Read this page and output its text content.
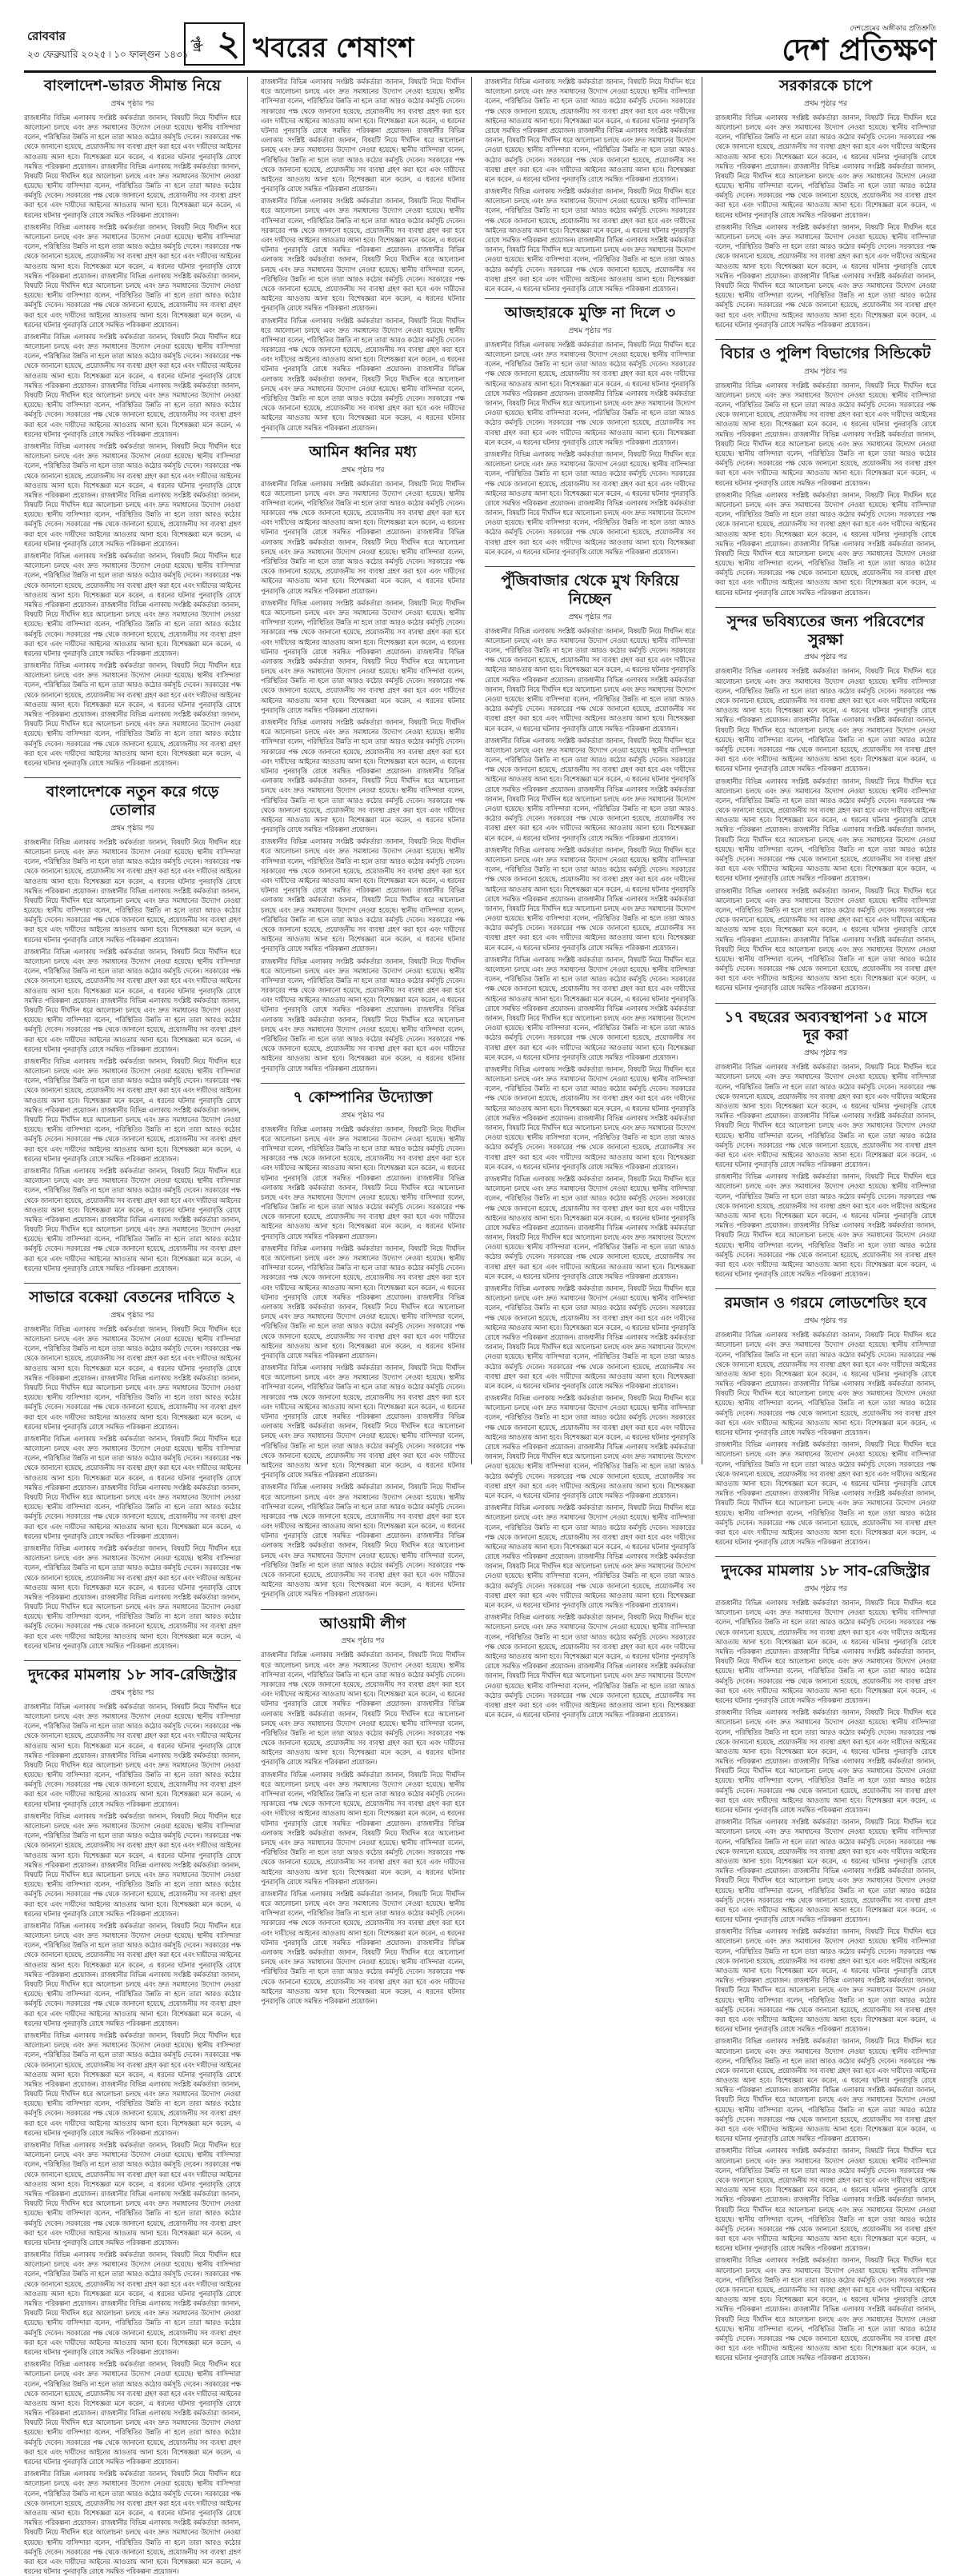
রোববার
২৩ ফেব্রুয়ারি ২০২৫ ৷ ১০ ফাল্গুন ১৪৩১
পৃষ্ঠা ২ খবরের শেষাংশ
দেশপ্রেমের অঙ্গীকার প্রতিশ্রুতি
দেশ প্রতিক্ষণ
বাংলাদেশ-ভারত সীমান্ত নিয়ে
প্রথম পৃষ্ঠার পর

রাজধানীর বিভিন্ন এলাকায় সংশ্লিষ্ট কর্মকর্তারা জানান, বিষয়টি নিয়ে দীর্ঘদিন ধরে আলোচনা চলছে এবং দ্রুত সমাধানের উদ্যোগ নেওয়া হয়েছে। স্থানীয় বাসিন্দারা বলেন, পরিস্থিতির উন্নতি না হলে তারা আরও কঠোর কর্মসূচি দেবেন। সরকারের পক্ষ থেকে জানানো হয়েছে, প্রয়োজনীয় সব ব্যবস্থা গ্রহণ করা হবে এবং দায়ীদের আইনের আওতায় আনা হবে। বিশেষজ্ঞরা মনে করেন, এ ধরনের ঘটনার পুনরাবৃত্তি রোধে সমন্বিত পরিকল্পনা প্রয়োজন। রাজধানীর বিভিন্ন এলাকায় সংশ্লিষ্ট কর্মকর্তারা জানান, বিষয়টি নিয়ে দীর্ঘদিন ধরে আলোচনা চলছে এবং দ্রুত সমাধানের উদ্যোগ নেওয়া হয়েছে। স্থানীয় বাসিন্দারা বলেন, পরিস্থিতির উন্নতি না হলে তারা আরও কঠোর কর্মসূচি দেবেন। সরকারের পক্ষ থেকে জানানো হয়েছে, প্রয়োজনীয় সব ব্যবস্থা গ্রহণ করা হবে এবং দায়ীদের আইনের আওতায় আনা হবে। বিশেষজ্ঞরা মনে করেন, এ ধরনের ঘটনার পুনরাবৃত্তি রোধে সমন্বিত পরিকল্পনা প্রয়োজন।

রাজধানীর বিভিন্ন এলাকায় সংশ্লিষ্ট কর্মকর্তারা জানান, বিষয়টি নিয়ে দীর্ঘদিন ধরে আলোচনা চলছে এবং দ্রুত সমাধানের উদ্যোগ নেওয়া হয়েছে। স্থানীয় বাসিন্দারা বলেন, পরিস্থিতির উন্নতি না হলে তারা আরও কঠোর কর্মসূচি দেবেন। সরকারের পক্ষ থেকে জানানো হয়েছে, প্রয়োজনীয় সব ব্যবস্থা গ্রহণ করা হবে এবং দায়ীদের আইনের আওতায় আনা হবে। বিশেষজ্ঞরা মনে করেন, এ ধরনের ঘটনার পুনরাবৃত্তি রোধে সমন্বিত পরিকল্পনা প্রয়োজন। রাজধানীর বিভিন্ন এলাকায় সংশ্লিষ্ট কর্মকর্তারা জানান, বিষয়টি নিয়ে দীর্ঘদিন ধরে আলোচনা চলছে এবং দ্রুত সমাধানের উদ্যোগ নেওয়া হয়েছে। স্থানীয় বাসিন্দারা বলেন, পরিস্থিতির উন্নতি না হলে তারা আরও কঠোর কর্মসূচি দেবেন। সরকারের পক্ষ থেকে জানানো হয়েছে, প্রয়োজনীয় সব ব্যবস্থা গ্রহণ করা হবে এবং দায়ীদের আইনের আওতায় আনা হবে। বিশেষজ্ঞরা মনে করেন, এ ধরনের ঘটনার পুনরাবৃত্তি রোধে সমন্বিত পরিকল্পনা প্রয়োজন।

রাজধানীর বিভিন্ন এলাকায় সংশ্লিষ্ট কর্মকর্তারা জানান, বিষয়টি নিয়ে দীর্ঘদিন ধরে আলোচনা চলছে এবং দ্রুত সমাধানের উদ্যোগ নেওয়া হয়েছে। স্থানীয় বাসিন্দারা বলেন, পরিস্থিতির উন্নতি না হলে তারা আরও কঠোর কর্মসূচি দেবেন। সরকারের পক্ষ থেকে জানানো হয়েছে, প্রয়োজনীয় সব ব্যবস্থা গ্রহণ করা হবে এবং দায়ীদের আইনের আওতায় আনা হবে। বিশেষজ্ঞরা মনে করেন, এ ধরনের ঘটনার পুনরাবৃত্তি রোধে সমন্বিত পরিকল্পনা প্রয়োজন। রাজধানীর বিভিন্ন এলাকায় সংশ্লিষ্ট কর্মকর্তারা জানান, বিষয়টি নিয়ে দীর্ঘদিন ধরে আলোচনা চলছে এবং দ্রুত সমাধানের উদ্যোগ নেওয়া হয়েছে। স্থানীয় বাসিন্দারা বলেন, পরিস্থিতির উন্নতি না হলে তারা আরও কঠোর কর্মসূচি দেবেন। সরকারের পক্ষ থেকে জানানো হয়েছে, প্রয়োজনীয় সব ব্যবস্থা গ্রহণ করা হবে এবং দায়ীদের আইনের আওতায় আনা হবে। বিশেষজ্ঞরা মনে করেন, এ ধরনের ঘটনার পুনরাবৃত্তি রোধে সমন্বিত পরিকল্পনা প্রয়োজন।

রাজধানীর বিভিন্ন এলাকায় সংশ্লিষ্ট কর্মকর্তারা জানান, বিষয়টি নিয়ে দীর্ঘদিন ধরে আলোচনা চলছে এবং দ্রুত সমাধানের উদ্যোগ নেওয়া হয়েছে। স্থানীয় বাসিন্দারা বলেন, পরিস্থিতির উন্নতি না হলে তারা আরও কঠোর কর্মসূচি দেবেন। সরকারের পক্ষ থেকে জানানো হয়েছে, প্রয়োজনীয় সব ব্যবস্থা গ্রহণ করা হবে এবং দায়ীদের আইনের আওতায় আনা হবে। বিশেষজ্ঞরা মনে করেন, এ ধরনের ঘটনার পুনরাবৃত্তি রোধে সমন্বিত পরিকল্পনা প্রয়োজন। রাজধানীর বিভিন্ন এলাকায় সংশ্লিষ্ট কর্মকর্তারা জানান, বিষয়টি নিয়ে দীর্ঘদিন ধরে আলোচনা চলছে এবং দ্রুত সমাধানের উদ্যোগ নেওয়া হয়েছে। স্থানীয় বাসিন্দারা বলেন, পরিস্থিতির উন্নতি না হলে তারা আরও কঠোর কর্মসূচি দেবেন। সরকারের পক্ষ থেকে জানানো হয়েছে, প্রয়োজনীয় সব ব্যবস্থা গ্রহণ করা হবে এবং দায়ীদের আইনের আওতায় আনা হবে। বিশেষজ্ঞরা মনে করেন, এ ধরনের ঘটনার পুনরাবৃত্তি রোধে সমন্বিত পরিকল্পনা প্রয়োজন।

রাজধানীর বিভিন্ন এলাকায় সংশ্লিষ্ট কর্মকর্তারা জানান, বিষয়টি নিয়ে দীর্ঘদিন ধরে আলোচনা চলছে এবং দ্রুত সমাধানের উদ্যোগ নেওয়া হয়েছে। স্থানীয় বাসিন্দারা বলেন, পরিস্থিতির উন্নতি না হলে তারা আরও কঠোর কর্মসূচি দেবেন। সরকারের পক্ষ থেকে জানানো হয়েছে, প্রয়োজনীয় সব ব্যবস্থা গ্রহণ করা হবে এবং দায়ীদের আইনের আওতায় আনা হবে। বিশেষজ্ঞরা মনে করেন, এ ধরনের ঘটনার পুনরাবৃত্তি রোধে সমন্বিত পরিকল্পনা প্রয়োজন। রাজধানীর বিভিন্ন এলাকায় সংশ্লিষ্ট কর্মকর্তারা জানান, বিষয়টি নিয়ে দীর্ঘদিন ধরে আলোচনা চলছে এবং দ্রুত সমাধানের উদ্যোগ নেওয়া হয়েছে। স্থানীয় বাসিন্দারা বলেন, পরিস্থিতির উন্নতি না হলে তারা আরও কঠোর কর্মসূচি দেবেন। সরকারের পক্ষ থেকে জানানো হয়েছে, প্রয়োজনীয় সব ব্যবস্থা গ্রহণ করা হবে এবং দায়ীদের আইনের আওতায় আনা হবে। বিশেষজ্ঞরা মনে করেন, এ ধরনের ঘটনার পুনরাবৃত্তি রোধে সমন্বিত পরিকল্পনা প্রয়োজন।

রাজধানীর বিভিন্ন এলাকায় সংশ্লিষ্ট কর্মকর্তারা জানান, বিষয়টি নিয়ে দীর্ঘদিন ধরে আলোচনা চলছে এবং দ্রুত সমাধানের উদ্যোগ নেওয়া হয়েছে। স্থানীয় বাসিন্দারা বলেন, পরিস্থিতির উন্নতি না হলে তারা আরও কঠোর কর্মসূচি দেবেন। সরকারের পক্ষ থেকে জানানো হয়েছে, প্রয়োজনীয় সব ব্যবস্থা গ্রহণ করা হবে এবং দায়ীদের আইনের আওতায় আনা হবে। বিশেষজ্ঞরা মনে করেন, এ ধরনের ঘটনার পুনরাবৃত্তি রোধে সমন্বিত পরিকল্পনা প্রয়োজন। রাজধানীর বিভিন্ন এলাকায় সংশ্লিষ্ট কর্মকর্তারা জানান, বিষয়টি নিয়ে দীর্ঘদিন ধরে আলোচনা চলছে এবং দ্রুত সমাধানের উদ্যোগ নেওয়া হয়েছে। স্থানীয় বাসিন্দারা বলেন, পরিস্থিতির উন্নতি না হলে তারা আরও কঠোর কর্মসূচি দেবেন। সরকারের পক্ষ থেকে জানানো হয়েছে, প্রয়োজনীয় সব ব্যবস্থা গ্রহণ করা হবে এবং দায়ীদের আইনের আওতায় আনা হবে। বিশেষজ্ঞরা মনে করেন, এ ধরনের ঘটনার পুনরাবৃত্তি রোধে সমন্বিত পরিকল্পনা প্রয়োজন।

বাংলাদেশকে নতুন করে গড়ে তোলার
প্রথম পৃষ্ঠার পর

রাজধানীর বিভিন্ন এলাকায় সংশ্লিষ্ট কর্মকর্তারা জানান, বিষয়টি নিয়ে দীর্ঘদিন ধরে আলোচনা চলছে এবং দ্রুত সমাধানের উদ্যোগ নেওয়া হয়েছে। স্থানীয় বাসিন্দারা বলেন, পরিস্থিতির উন্নতি না হলে তারা আরও কঠোর কর্মসূচি দেবেন। সরকারের পক্ষ থেকে জানানো হয়েছে, প্রয়োজনীয় সব ব্যবস্থা গ্রহণ করা হবে এবং দায়ীদের আইনের আওতায় আনা হবে। বিশেষজ্ঞরা মনে করেন, এ ধরনের ঘটনার পুনরাবৃত্তি রোধে সমন্বিত পরিকল্পনা প্রয়োজন। রাজধানীর বিভিন্ন এলাকায় সংশ্লিষ্ট কর্মকর্তারা জানান, বিষয়টি নিয়ে দীর্ঘদিন ধরে আলোচনা চলছে এবং দ্রুত সমাধানের উদ্যোগ নেওয়া হয়েছে। স্থানীয় বাসিন্দারা বলেন, পরিস্থিতির উন্নতি না হলে তারা আরও কঠোর কর্মসূচি দেবেন। সরকারের পক্ষ থেকে জানানো হয়েছে, প্রয়োজনীয় সব ব্যবস্থা গ্রহণ করা হবে এবং দায়ীদের আইনের আওতায় আনা হবে। বিশেষজ্ঞরা মনে করেন, এ ধরনের ঘটনার পুনরাবৃত্তি রোধে সমন্বিত পরিকল্পনা প্রয়োজন।

রাজধানীর বিভিন্ন এলাকায় সংশ্লিষ্ট কর্মকর্তারা জানান, বিষয়টি নিয়ে দীর্ঘদিন ধরে আলোচনা চলছে এবং দ্রুত সমাধানের উদ্যোগ নেওয়া হয়েছে। স্থানীয় বাসিন্দারা বলেন, পরিস্থিতির উন্নতি না হলে তারা আরও কঠোর কর্মসূচি দেবেন। সরকারের পক্ষ থেকে জানানো হয়েছে, প্রয়োজনীয় সব ব্যবস্থা গ্রহণ করা হবে এবং দায়ীদের আইনের আওতায় আনা হবে। বিশেষজ্ঞরা মনে করেন, এ ধরনের ঘটনার পুনরাবৃত্তি রোধে সমন্বিত পরিকল্পনা প্রয়োজন। রাজধানীর বিভিন্ন এলাকায় সংশ্লিষ্ট কর্মকর্তারা জানান, বিষয়টি নিয়ে দীর্ঘদিন ধরে আলোচনা চলছে এবং দ্রুত সমাধানের উদ্যোগ নেওয়া হয়েছে। স্থানীয় বাসিন্দারা বলেন, পরিস্থিতির উন্নতি না হলে তারা আরও কঠোর কর্মসূচি দেবেন। সরকারের পক্ষ থেকে জানানো হয়েছে, প্রয়োজনীয় সব ব্যবস্থা গ্রহণ করা হবে এবং দায়ীদের আইনের আওতায় আনা হবে। বিশেষজ্ঞরা মনে করেন, এ ধরনের ঘটনার পুনরাবৃত্তি রোধে সমন্বিত পরিকল্পনা প্রয়োজন।

রাজধানীর বিভিন্ন এলাকায় সংশ্লিষ্ট কর্মকর্তারা জানান, বিষয়টি নিয়ে দীর্ঘদিন ধরে আলোচনা চলছে এবং দ্রুত সমাধানের উদ্যোগ নেওয়া হয়েছে। স্থানীয় বাসিন্দারা বলেন, পরিস্থিতির উন্নতি না হলে তারা আরও কঠোর কর্মসূচি দেবেন। সরকারের পক্ষ থেকে জানানো হয়েছে, প্রয়োজনীয় সব ব্যবস্থা গ্রহণ করা হবে এবং দায়ীদের আইনের আওতায় আনা হবে। বিশেষজ্ঞরা মনে করেন, এ ধরনের ঘটনার পুনরাবৃত্তি রোধে সমন্বিত পরিকল্পনা প্রয়োজন। রাজধানীর বিভিন্ন এলাকায় সংশ্লিষ্ট কর্মকর্তারা জানান, বিষয়টি নিয়ে দীর্ঘদিন ধরে আলোচনা চলছে এবং দ্রুত সমাধানের উদ্যোগ নেওয়া হয়েছে। স্থানীয় বাসিন্দারা বলেন, পরিস্থিতির উন্নতি না হলে তারা আরও কঠোর কর্মসূচি দেবেন। সরকারের পক্ষ থেকে জানানো হয়েছে, প্রয়োজনীয় সব ব্যবস্থা গ্রহণ করা হবে এবং দায়ীদের আইনের আওতায় আনা হবে। বিশেষজ্ঞরা মনে করেন, এ ধরনের ঘটনার পুনরাবৃত্তি রোধে সমন্বিত পরিকল্পনা প্রয়োজন।

রাজধানীর বিভিন্ন এলাকায় সংশ্লিষ্ট কর্মকর্তারা জানান, বিষয়টি নিয়ে দীর্ঘদিন ধরে আলোচনা চলছে এবং দ্রুত সমাধানের উদ্যোগ নেওয়া হয়েছে। স্থানীয় বাসিন্দারা বলেন, পরিস্থিতির উন্নতি না হলে তারা আরও কঠোর কর্মসূচি দেবেন। সরকারের পক্ষ থেকে জানানো হয়েছে, প্রয়োজনীয় সব ব্যবস্থা গ্রহণ করা হবে এবং দায়ীদের আইনের আওতায় আনা হবে। বিশেষজ্ঞরা মনে করেন, এ ধরনের ঘটনার পুনরাবৃত্তি রোধে সমন্বিত পরিকল্পনা প্রয়োজন। রাজধানীর বিভিন্ন এলাকায় সংশ্লিষ্ট কর্মকর্তারা জানান, বিষয়টি নিয়ে দীর্ঘদিন ধরে আলোচনা চলছে এবং দ্রুত সমাধানের উদ্যোগ নেওয়া হয়েছে। স্থানীয় বাসিন্দারা বলেন, পরিস্থিতির উন্নতি না হলে তারা আরও কঠোর কর্মসূচি দেবেন। সরকারের পক্ষ থেকে জানানো হয়েছে, প্রয়োজনীয় সব ব্যবস্থা গ্রহণ করা হবে এবং দায়ীদের আইনের আওতায় আনা হবে। বিশেষজ্ঞরা মনে করেন, এ ধরনের ঘটনার পুনরাবৃত্তি রোধে সমন্বিত পরিকল্পনা প্রয়োজন।

সাভারে বকেয়া বেতনের দাবিতে ২
প্রথম পৃষ্ঠার পর

রাজধানীর বিভিন্ন এলাকায় সংশ্লিষ্ট কর্মকর্তারা জানান, বিষয়টি নিয়ে দীর্ঘদিন ধরে আলোচনা চলছে এবং দ্রুত সমাধানের উদ্যোগ নেওয়া হয়েছে। স্থানীয় বাসিন্দারা বলেন, পরিস্থিতির উন্নতি না হলে তারা আরও কঠোর কর্মসূচি দেবেন। সরকারের পক্ষ থেকে জানানো হয়েছে, প্রয়োজনীয় সব ব্যবস্থা গ্রহণ করা হবে এবং দায়ীদের আইনের আওতায় আনা হবে। বিশেষজ্ঞরা মনে করেন, এ ধরনের ঘটনার পুনরাবৃত্তি রোধে সমন্বিত পরিকল্পনা প্রয়োজন। রাজধানীর বিভিন্ন এলাকায় সংশ্লিষ্ট কর্মকর্তারা জানান, বিষয়টি নিয়ে দীর্ঘদিন ধরে আলোচনা চলছে এবং দ্রুত সমাধানের উদ্যোগ নেওয়া হয়েছে। স্থানীয় বাসিন্দারা বলেন, পরিস্থিতির উন্নতি না হলে তারা আরও কঠোর কর্মসূচি দেবেন। সরকারের পক্ষ থেকে জানানো হয়েছে, প্রয়োজনীয় সব ব্যবস্থা গ্রহণ করা হবে এবং দায়ীদের আইনের আওতায় আনা হবে। বিশেষজ্ঞরা মনে করেন, এ ধরনের ঘটনার পুনরাবৃত্তি রোধে সমন্বিত পরিকল্পনা প্রয়োজন।

রাজধানীর বিভিন্ন এলাকায় সংশ্লিষ্ট কর্মকর্তারা জানান, বিষয়টি নিয়ে দীর্ঘদিন ধরে আলোচনা চলছে এবং দ্রুত সমাধানের উদ্যোগ নেওয়া হয়েছে। স্থানীয় বাসিন্দারা বলেন, পরিস্থিতির উন্নতি না হলে তারা আরও কঠোর কর্মসূচি দেবেন। সরকারের পক্ষ থেকে জানানো হয়েছে, প্রয়োজনীয় সব ব্যবস্থা গ্রহণ করা হবে এবং দায়ীদের আইনের আওতায় আনা হবে। বিশেষজ্ঞরা মনে করেন, এ ধরনের ঘটনার পুনরাবৃত্তি রোধে সমন্বিত পরিকল্পনা প্রয়োজন। রাজধানীর বিভিন্ন এলাকায় সংশ্লিষ্ট কর্মকর্তারা জানান, বিষয়টি নিয়ে দীর্ঘদিন ধরে আলোচনা চলছে এবং দ্রুত সমাধানের উদ্যোগ নেওয়া হয়েছে। স্থানীয় বাসিন্দারা বলেন, পরিস্থিতির উন্নতি না হলে তারা আরও কঠোর কর্মসূচি দেবেন। সরকারের পক্ষ থেকে জানানো হয়েছে, প্রয়োজনীয় সব ব্যবস্থা গ্রহণ করা হবে এবং দায়ীদের আইনের আওতায় আনা হবে। বিশেষজ্ঞরা মনে করেন, এ ধরনের ঘটনার পুনরাবৃত্তি রোধে সমন্বিত পরিকল্পনা প্রয়োজন।

রাজধানীর বিভিন্ন এলাকায় সংশ্লিষ্ট কর্মকর্তারা জানান, বিষয়টি নিয়ে দীর্ঘদিন ধরে আলোচনা চলছে এবং দ্রুত সমাধানের উদ্যোগ নেওয়া হয়েছে। স্থানীয় বাসিন্দারা বলেন, পরিস্থিতির উন্নতি না হলে তারা আরও কঠোর কর্মসূচি দেবেন। সরকারের পক্ষ থেকে জানানো হয়েছে, প্রয়োজনীয় সব ব্যবস্থা গ্রহণ করা হবে এবং দায়ীদের আইনের আওতায় আনা হবে। বিশেষজ্ঞরা মনে করেন, এ ধরনের ঘটনার পুনরাবৃত্তি রোধে সমন্বিত পরিকল্পনা প্রয়োজন। রাজধানীর বিভিন্ন এলাকায় সংশ্লিষ্ট কর্মকর্তারা জানান, বিষয়টি নিয়ে দীর্ঘদিন ধরে আলোচনা চলছে এবং দ্রুত সমাধানের উদ্যোগ নেওয়া হয়েছে। স্থানীয় বাসিন্দারা বলেন, পরিস্থিতির উন্নতি না হলে তারা আরও কঠোর কর্মসূচি দেবেন। সরকারের পক্ষ থেকে জানানো হয়েছে, প্রয়োজনীয় সব ব্যবস্থা গ্রহণ করা হবে এবং দায়ীদের আইনের আওতায় আনা হবে। বিশেষজ্ঞরা মনে করেন, এ ধরনের ঘটনার পুনরাবৃত্তি রোধে সমন্বিত পরিকল্পনা প্রয়োজন।

দুদকের মামলায় ১৮ সাব-রেজিস্ট্রার
প্রথম পৃষ্ঠার পর

রাজধানীর বিভিন্ন এলাকায় সংশ্লিষ্ট কর্মকর্তারা জানান, বিষয়টি নিয়ে দীর্ঘদিন ধরে আলোচনা চলছে এবং দ্রুত সমাধানের উদ্যোগ নেওয়া হয়েছে। স্থানীয় বাসিন্দারা বলেন, পরিস্থিতির উন্নতি না হলে তারা আরও কঠোর কর্মসূচি দেবেন। সরকারের পক্ষ থেকে জানানো হয়েছে, প্রয়োজনীয় সব ব্যবস্থা গ্রহণ করা হবে এবং দায়ীদের আইনের আওতায় আনা হবে। বিশেষজ্ঞরা মনে করেন, এ ধরনের ঘটনার পুনরাবৃত্তি রোধে সমন্বিত পরিকল্পনা প্রয়োজন। রাজধানীর বিভিন্ন এলাকায় সংশ্লিষ্ট কর্মকর্তারা জানান, বিষয়টি নিয়ে দীর্ঘদিন ধরে আলোচনা চলছে এবং দ্রুত সমাধানের উদ্যোগ নেওয়া হয়েছে। স্থানীয় বাসিন্দারা বলেন, পরিস্থিতির উন্নতি না হলে তারা আরও কঠোর কর্মসূচি দেবেন। সরকারের পক্ষ থেকে জানানো হয়েছে, প্রয়োজনীয় সব ব্যবস্থা গ্রহণ করা হবে এবং দায়ীদের আইনের আওতায় আনা হবে। বিশেষজ্ঞরা মনে করেন, এ ধরনের ঘটনার পুনরাবৃত্তি রোধে সমন্বিত পরিকল্পনা প্রয়োজন।

রাজধানীর বিভিন্ন এলাকায় সংশ্লিষ্ট কর্মকর্তারা জানান, বিষয়টি নিয়ে দীর্ঘদিন ধরে আলোচনা চলছে এবং দ্রুত সমাধানের উদ্যোগ নেওয়া হয়েছে। স্থানীয় বাসিন্দারা বলেন, পরিস্থিতির উন্নতি না হলে তারা আরও কঠোর কর্মসূচি দেবেন। সরকারের পক্ষ থেকে জানানো হয়েছে, প্রয়োজনীয় সব ব্যবস্থা গ্রহণ করা হবে এবং দায়ীদের আইনের আওতায় আনা হবে। বিশেষজ্ঞরা মনে করেন, এ ধরনের ঘটনার পুনরাবৃত্তি রোধে সমন্বিত পরিকল্পনা প্রয়োজন। রাজধানীর বিভিন্ন এলাকায় সংশ্লিষ্ট কর্মকর্তারা জানান, বিষয়টি নিয়ে দীর্ঘদিন ধরে আলোচনা চলছে এবং দ্রুত সমাধানের উদ্যোগ নেওয়া হয়েছে। স্থানীয় বাসিন্দারা বলেন, পরিস্থিতির উন্নতি না হলে তারা আরও কঠোর কর্মসূচি দেবেন। সরকারের পক্ষ থেকে জানানো হয়েছে, প্রয়োজনীয় সব ব্যবস্থা গ্রহণ করা হবে এবং দায়ীদের আইনের আওতায় আনা হবে। বিশেষজ্ঞরা মনে করেন, এ ধরনের ঘটনার পুনরাবৃত্তি রোধে সমন্বিত পরিকল্পনা প্রয়োজন।

রাজধানীর বিভিন্ন এলাকায় সংশ্লিষ্ট কর্মকর্তারা জানান, বিষয়টি নিয়ে দীর্ঘদিন ধরে আলোচনা চলছে এবং দ্রুত সমাধানের উদ্যোগ নেওয়া হয়েছে। স্থানীয় বাসিন্দারা বলেন, পরিস্থিতির উন্নতি না হলে তারা আরও কঠোর কর্মসূচি দেবেন। সরকারের পক্ষ থেকে জানানো হয়েছে, প্রয়োজনীয় সব ব্যবস্থা গ্রহণ করা হবে এবং দায়ীদের আইনের আওতায় আনা হবে। বিশেষজ্ঞরা মনে করেন, এ ধরনের ঘটনার পুনরাবৃত্তি রোধে সমন্বিত পরিকল্পনা প্রয়োজন। রাজধানীর বিভিন্ন এলাকায় সংশ্লিষ্ট কর্মকর্তারা জানান, বিষয়টি নিয়ে দীর্ঘদিন ধরে আলোচনা চলছে এবং দ্রুত সমাধানের উদ্যোগ নেওয়া হয়েছে। স্থানীয় বাসিন্দারা বলেন, পরিস্থিতির উন্নতি না হলে তারা আরও কঠোর কর্মসূচি দেবেন। সরকারের পক্ষ থেকে জানানো হয়েছে, প্রয়োজনীয় সব ব্যবস্থা গ্রহণ করা হবে এবং দায়ীদের আইনের আওতায় আনা হবে। বিশেষজ্ঞরা মনে করেন, এ ধরনের ঘটনার পুনরাবৃত্তি রোধে সমন্বিত পরিকল্পনা প্রয়োজন।

রাজধানীর বিভিন্ন এলাকায় সংশ্লিষ্ট কর্মকর্তারা জানান, বিষয়টি নিয়ে দীর্ঘদিন ধরে আলোচনা চলছে এবং দ্রুত সমাধানের উদ্যোগ নেওয়া হয়েছে। স্থানীয় বাসিন্দারা বলেন, পরিস্থিতির উন্নতি না হলে তারা আরও কঠোর কর্মসূচি দেবেন। সরকারের পক্ষ থেকে জানানো হয়েছে, প্রয়োজনীয় সব ব্যবস্থা গ্রহণ করা হবে এবং দায়ীদের আইনের আওতায় আনা হবে। বিশেষজ্ঞরা মনে করেন, এ ধরনের ঘটনার পুনরাবৃত্তি রোধে সমন্বিত পরিকল্পনা প্রয়োজন। রাজধানীর বিভিন্ন এলাকায় সংশ্লিষ্ট কর্মকর্তারা জানান, বিষয়টি নিয়ে দীর্ঘদিন ধরে আলোচনা চলছে এবং দ্রুত সমাধানের উদ্যোগ নেওয়া হয়েছে। স্থানীয় বাসিন্দারা বলেন, পরিস্থিতির উন্নতি না হলে তারা আরও কঠোর কর্মসূচি দেবেন। সরকারের পক্ষ থেকে জানানো হয়েছে, প্রয়োজনীয় সব ব্যবস্থা গ্রহণ করা হবে এবং দায়ীদের আইনের আওতায় আনা হবে। বিশেষজ্ঞরা মনে করেন, এ ধরনের ঘটনার পুনরাবৃত্তি রোধে সমন্বিত পরিকল্পনা প্রয়োজন।

রাজধানীর বিভিন্ন এলাকায় সংশ্লিষ্ট কর্মকর্তারা জানান, বিষয়টি নিয়ে দীর্ঘদিন ধরে আলোচনা চলছে এবং দ্রুত সমাধানের উদ্যোগ নেওয়া হয়েছে। স্থানীয় বাসিন্দারা বলেন, পরিস্থিতির উন্নতি না হলে তারা আরও কঠোর কর্মসূচি দেবেন। সরকারের পক্ষ থেকে জানানো হয়েছে, প্রয়োজনীয় সব ব্যবস্থা গ্রহণ করা হবে এবং দায়ীদের আইনের আওতায় আনা হবে। বিশেষজ্ঞরা মনে করেন, এ ধরনের ঘটনার পুনরাবৃত্তি রোধে সমন্বিত পরিকল্পনা প্রয়োজন। রাজধানীর বিভিন্ন এলাকায় সংশ্লিষ্ট কর্মকর্তারা জানান, বিষয়টি নিয়ে দীর্ঘদিন ধরে আলোচনা চলছে এবং দ্রুত সমাধানের উদ্যোগ নেওয়া হয়েছে। স্থানীয় বাসিন্দারা বলেন, পরিস্থিতির উন্নতি না হলে তারা আরও কঠোর কর্মসূচি দেবেন। সরকারের পক্ষ থেকে জানানো হয়েছে, প্রয়োজনীয় সব ব্যবস্থা গ্রহণ করা হবে এবং দায়ীদের আইনের আওতায় আনা হবে। বিশেষজ্ঞরা মনে করেন, এ ধরনের ঘটনার পুনরাবৃত্তি রোধে সমন্বিত পরিকল্পনা প্রয়োজন।

রাজধানীর বিভিন্ন এলাকায় সংশ্লিষ্ট কর্মকর্তারা জানান, বিষয়টি নিয়ে দীর্ঘদিন ধরে আলোচনা চলছে এবং দ্রুত সমাধানের উদ্যোগ নেওয়া হয়েছে। স্থানীয় বাসিন্দারা বলেন, পরিস্থিতির উন্নতি না হলে তারা আরও কঠোর কর্মসূচি দেবেন। সরকারের পক্ষ থেকে জানানো হয়েছে, প্রয়োজনীয় সব ব্যবস্থা গ্রহণ করা হবে এবং দায়ীদের আইনের আওতায় আনা হবে। বিশেষজ্ঞরা মনে করেন, এ ধরনের ঘটনার পুনরাবৃত্তি রোধে সমন্বিত পরিকল্পনা প্রয়োজন। রাজধানীর বিভিন্ন এলাকায় সংশ্লিষ্ট কর্মকর্তারা জানান, বিষয়টি নিয়ে দীর্ঘদিন ধরে আলোচনা চলছে এবং দ্রুত সমাধানের উদ্যোগ নেওয়া হয়েছে। স্থানীয় বাসিন্দারা বলেন, পরিস্থিতির উন্নতি না হলে তারা আরও কঠোর কর্মসূচি দেবেন। সরকারের পক্ষ থেকে জানানো হয়েছে, প্রয়োজনীয় সব ব্যবস্থা গ্রহণ করা হবে এবং দায়ীদের আইনের আওতায় আনা হবে। বিশেষজ্ঞরা মনে করেন, এ ধরনের ঘটনার পুনরাবৃত্তি রোধে সমন্বিত পরিকল্পনা প্রয়োজন।

রাজধানীর বিভিন্ন এলাকায় সংশ্লিষ্ট কর্মকর্তারা জানান, বিষয়টি নিয়ে দীর্ঘদিন ধরে আলোচনা চলছে এবং দ্রুত সমাধানের উদ্যোগ নেওয়া হয়েছে। স্থানীয় বাসিন্দারা বলেন, পরিস্থিতির উন্নতি না হলে তারা আরও কঠোর কর্মসূচি দেবেন। সরকারের পক্ষ থেকে জানানো হয়েছে, প্রয়োজনীয় সব ব্যবস্থা গ্রহণ করা হবে এবং দায়ীদের আইনের আওতায় আনা হবে। বিশেষজ্ঞরা মনে করেন, এ ধরনের ঘটনার পুনরাবৃত্তি রোধে সমন্বিত পরিকল্পনা প্রয়োজন। রাজধানীর বিভিন্ন এলাকায় সংশ্লিষ্ট কর্মকর্তারা জানান, বিষয়টি নিয়ে দীর্ঘদিন ধরে আলোচনা চলছে এবং দ্রুত সমাধানের উদ্যোগ নেওয়া হয়েছে। স্থানীয় বাসিন্দারা বলেন, পরিস্থিতির উন্নতি না হলে তারা আরও কঠোর কর্মসূচি দেবেন। সরকারের পক্ষ থেকে জানানো হয়েছে, প্রয়োজনীয় সব ব্যবস্থা গ্রহণ করা হবে এবং দায়ীদের আইনের আওতায় আনা হবে। বিশেষজ্ঞরা মনে করেন, এ ধরনের ঘটনার পুনরাবৃত্তি রোধে সমন্বিত পরিকল্পনা প্রয়োজন।

রাজধানীর বিভিন্ন এলাকায় সংশ্লিষ্ট কর্মকর্তারা জানান, বিষয়টি নিয়ে দীর্ঘদিন ধরে আলোচনা চলছে এবং দ্রুত সমাধানের উদ্যোগ নেওয়া হয়েছে। স্থানীয় বাসিন্দারা বলেন, পরিস্থিতির উন্নতি না হলে তারা আরও কঠোর কর্মসূচি দেবেন। সরকারের পক্ষ থেকে জানানো হয়েছে, প্রয়োজনীয় সব ব্যবস্থা গ্রহণ করা হবে এবং দায়ীদের আইনের আওতায় আনা হবে। বিশেষজ্ঞরা মনে করেন, এ ধরনের ঘটনার পুনরাবৃত্তি রোধে সমন্বিত পরিকল্পনা প্রয়োজন। রাজধানীর বিভিন্ন এলাকায় সংশ্লিষ্ট কর্মকর্তারা জানান, বিষয়টি নিয়ে দীর্ঘদিন ধরে আলোচনা চলছে এবং দ্রুত সমাধানের উদ্যোগ নেওয়া হয়েছে। স্থানীয় বাসিন্দারা বলেন, পরিস্থিতির উন্নতি না হলে তারা আরও কঠোর কর্মসূচি দেবেন। সরকারের পক্ষ থেকে জানানো হয়েছে, প্রয়োজনীয় সব ব্যবস্থা গ্রহণ করা হবে এবং দায়ীদের আইনের আওতায় আনা হবে। বিশেষজ্ঞরা মনে করেন, এ ধরনের ঘটনার পুনরাবৃত্তি রোধে সমন্বিত পরিকল্পনা প্রয়োজন।

রাজধানীর বিভিন্ন এলাকায় সংশ্লিষ্ট কর্মকর্তারা জানান, বিষয়টি নিয়ে দীর্ঘদিন ধরে আলোচনা চলছে এবং দ্রুত সমাধানের উদ্যোগ নেওয়া হয়েছে। স্থানীয় বাসিন্দারা বলেন, পরিস্থিতির উন্নতি না হলে তারা আরও কঠোর কর্মসূচি দেবেন। সরকারের পক্ষ থেকে জানানো হয়েছে, প্রয়োজনীয় সব ব্যবস্থা গ্রহণ করা হবে এবং দায়ীদের আইনের আওতায় আনা হবে। বিশেষজ্ঞরা মনে করেন, এ ধরনের ঘটনার পুনরাবৃত্তি রোধে সমন্বিত পরিকল্পনা প্রয়োজন। রাজধানীর বিভিন্ন এলাকায় সংশ্লিষ্ট কর্মকর্তারা জানান, বিষয়টি নিয়ে দীর্ঘদিন ধরে আলোচনা চলছে এবং দ্রুত সমাধানের উদ্যোগ নেওয়া হয়েছে। স্থানীয় বাসিন্দারা বলেন, পরিস্থিতির উন্নতি না হলে তারা আরও কঠোর কর্মসূচি দেবেন। সরকারের পক্ষ থেকে জানানো হয়েছে, প্রয়োজনীয় সব ব্যবস্থা গ্রহণ করা হবে এবং দায়ীদের আইনের আওতায় আনা হবে। বিশেষজ্ঞরা মনে করেন, এ ধরনের ঘটনার পুনরাবৃত্তি রোধে সমন্বিত পরিকল্পনা প্রয়োজন।

রাজধানীর বিভিন্ন এলাকায় সংশ্লিষ্ট কর্মকর্তারা জানান, বিষয়টি নিয়ে দীর্ঘদিন ধরে আলোচনা চলছে এবং দ্রুত সমাধানের উদ্যোগ নেওয়া হয়েছে। স্থানীয় বাসিন্দারা বলেন, পরিস্থিতির উন্নতি না হলে তারা আরও কঠোর কর্মসূচি দেবেন। সরকারের পক্ষ থেকে জানানো হয়েছে, প্রয়োজনীয় সব ব্যবস্থা গ্রহণ করা হবে এবং দায়ীদের আইনের আওতায় আনা হবে। বিশেষজ্ঞরা মনে করেন, এ ধরনের ঘটনার পুনরাবৃত্তি রোধে সমন্বিত পরিকল্পনা প্রয়োজন। রাজধানীর বিভিন্ন এলাকায় সংশ্লিষ্ট কর্মকর্তারা জানান, বিষয়টি নিয়ে দীর্ঘদিন ধরে আলোচনা চলছে এবং দ্রুত সমাধানের উদ্যোগ নেওয়া হয়েছে। স্থানীয় বাসিন্দারা বলেন, পরিস্থিতির উন্নতি না হলে তারা আরও কঠোর কর্মসূচি দেবেন। সরকারের পক্ষ থেকে জানানো হয়েছে, প্রয়োজনীয় সব ব্যবস্থা গ্রহণ করা হবে এবং দায়ীদের আইনের আওতায় আনা হবে। বিশেষজ্ঞরা মনে করেন, এ ধরনের ঘটনার পুনরাবৃত্তি রোধে সমন্বিত পরিকল্পনা প্রয়োজন।

রাজধানীর বিভিন্ন এলাকায় সংশ্লিষ্ট কর্মকর্তারা জানান, বিষয়টি নিয়ে দীর্ঘদিন ধরে আলোচনা চলছে এবং দ্রুত সমাধানের উদ্যোগ নেওয়া হয়েছে। স্থানীয় বাসিন্দারা বলেন, পরিস্থিতির উন্নতি না হলে তারা আরও কঠোর কর্মসূচি দেবেন। সরকারের পক্ষ থেকে জানানো হয়েছে, প্রয়োজনীয় সব ব্যবস্থা গ্রহণ করা হবে এবং দায়ীদের আইনের আওতায় আনা হবে। বিশেষজ্ঞরা মনে করেন, এ ধরনের ঘটনার পুনরাবৃত্তি রোধে সমন্বিত পরিকল্পনা প্রয়োজন। রাজধানীর বিভিন্ন এলাকায় সংশ্লিষ্ট কর্মকর্তারা জানান, বিষয়টি নিয়ে দীর্ঘদিন ধরে আলোচনা চলছে এবং দ্রুত সমাধানের উদ্যোগ নেওয়া হয়েছে। স্থানীয় বাসিন্দারা বলেন, পরিস্থিতির উন্নতি না হলে তারা আরও কঠোর কর্মসূচি দেবেন। সরকারের পক্ষ থেকে জানানো হয়েছে, প্রয়োজনীয় সব ব্যবস্থা গ্রহণ করা হবে এবং দায়ীদের আইনের আওতায় আনা হবে। বিশেষজ্ঞরা মনে করেন, এ ধরনের ঘটনার পুনরাবৃত্তি রোধে সমন্বিত পরিকল্পনা প্রয়োজন।

আমিন ধ্বনির মধ্য
প্রথম পৃষ্ঠার পর

রাজধানীর বিভিন্ন এলাকায় সংশ্লিষ্ট কর্মকর্তারা জানান, বিষয়টি নিয়ে দীর্ঘদিন ধরে আলোচনা চলছে এবং দ্রুত সমাধানের উদ্যোগ নেওয়া হয়েছে। স্থানীয় বাসিন্দারা বলেন, পরিস্থিতির উন্নতি না হলে তারা আরও কঠোর কর্মসূচি দেবেন। সরকারের পক্ষ থেকে জানানো হয়েছে, প্রয়োজনীয় সব ব্যবস্থা গ্রহণ করা হবে এবং দায়ীদের আইনের আওতায় আনা হবে। বিশেষজ্ঞরা মনে করেন, এ ধরনের ঘটনার পুনরাবৃত্তি রোধে সমন্বিত পরিকল্পনা প্রয়োজন। রাজধানীর বিভিন্ন এলাকায় সংশ্লিষ্ট কর্মকর্তারা জানান, বিষয়টি নিয়ে দীর্ঘদিন ধরে আলোচনা চলছে এবং দ্রুত সমাধানের উদ্যোগ নেওয়া হয়েছে। স্থানীয় বাসিন্দারা বলেন, পরিস্থিতির উন্নতি না হলে তারা আরও কঠোর কর্মসূচি দেবেন। সরকারের পক্ষ থেকে জানানো হয়েছে, প্রয়োজনীয় সব ব্যবস্থা গ্রহণ করা হবে এবং দায়ীদের আইনের আওতায় আনা হবে। বিশেষজ্ঞরা মনে করেন, এ ধরনের ঘটনার পুনরাবৃত্তি রোধে সমন্বিত পরিকল্পনা প্রয়োজন।

রাজধানীর বিভিন্ন এলাকায় সংশ্লিষ্ট কর্মকর্তারা জানান, বিষয়টি নিয়ে দীর্ঘদিন ধরে আলোচনা চলছে এবং দ্রুত সমাধানের উদ্যোগ নেওয়া হয়েছে। স্থানীয় বাসিন্দারা বলেন, পরিস্থিতির উন্নতি না হলে তারা আরও কঠোর কর্মসূচি দেবেন। সরকারের পক্ষ থেকে জানানো হয়েছে, প্রয়োজনীয় সব ব্যবস্থা গ্রহণ করা হবে এবং দায়ীদের আইনের আওতায় আনা হবে। বিশেষজ্ঞরা মনে করেন, এ ধরনের ঘটনার পুনরাবৃত্তি রোধে সমন্বিত পরিকল্পনা প্রয়োজন। রাজধানীর বিভিন্ন এলাকায় সংশ্লিষ্ট কর্মকর্তারা জানান, বিষয়টি নিয়ে দীর্ঘদিন ধরে আলোচনা চলছে এবং দ্রুত সমাধানের উদ্যোগ নেওয়া হয়েছে। স্থানীয় বাসিন্দারা বলেন, পরিস্থিতির উন্নতি না হলে তারা আরও কঠোর কর্মসূচি দেবেন। সরকারের পক্ষ থেকে জানানো হয়েছে, প্রয়োজনীয় সব ব্যবস্থা গ্রহণ করা হবে এবং দায়ীদের আইনের আওতায় আনা হবে। বিশেষজ্ঞরা মনে করেন, এ ধরনের ঘটনার পুনরাবৃত্তি রোধে সমন্বিত পরিকল্পনা প্রয়োজন।

রাজধানীর বিভিন্ন এলাকায় সংশ্লিষ্ট কর্মকর্তারা জানান, বিষয়টি নিয়ে দীর্ঘদিন ধরে আলোচনা চলছে এবং দ্রুত সমাধানের উদ্যোগ নেওয়া হয়েছে। স্থানীয় বাসিন্দারা বলেন, পরিস্থিতির উন্নতি না হলে তারা আরও কঠোর কর্মসূচি দেবেন। সরকারের পক্ষ থেকে জানানো হয়েছে, প্রয়োজনীয় সব ব্যবস্থা গ্রহণ করা হবে এবং দায়ীদের আইনের আওতায় আনা হবে। বিশেষজ্ঞরা মনে করেন, এ ধরনের ঘটনার পুনরাবৃত্তি রোধে সমন্বিত পরিকল্পনা প্রয়োজন। রাজধানীর বিভিন্ন এলাকায় সংশ্লিষ্ট কর্মকর্তারা জানান, বিষয়টি নিয়ে দীর্ঘদিন ধরে আলোচনা চলছে এবং দ্রুত সমাধানের উদ্যোগ নেওয়া হয়েছে। স্থানীয় বাসিন্দারা বলেন, পরিস্থিতির উন্নতি না হলে তারা আরও কঠোর কর্মসূচি দেবেন। সরকারের পক্ষ থেকে জানানো হয়েছে, প্রয়োজনীয় সব ব্যবস্থা গ্রহণ করা হবে এবং দায়ীদের আইনের আওতায় আনা হবে। বিশেষজ্ঞরা মনে করেন, এ ধরনের ঘটনার পুনরাবৃত্তি রোধে সমন্বিত পরিকল্পনা প্রয়োজন।

রাজধানীর বিভিন্ন এলাকায় সংশ্লিষ্ট কর্মকর্তারা জানান, বিষয়টি নিয়ে দীর্ঘদিন ধরে আলোচনা চলছে এবং দ্রুত সমাধানের উদ্যোগ নেওয়া হয়েছে। স্থানীয় বাসিন্দারা বলেন, পরিস্থিতির উন্নতি না হলে তারা আরও কঠোর কর্মসূচি দেবেন। সরকারের পক্ষ থেকে জানানো হয়েছে, প্রয়োজনীয় সব ব্যবস্থা গ্রহণ করা হবে এবং দায়ীদের আইনের আওতায় আনা হবে। বিশেষজ্ঞরা মনে করেন, এ ধরনের ঘটনার পুনরাবৃত্তি রোধে সমন্বিত পরিকল্পনা প্রয়োজন। রাজধানীর বিভিন্ন এলাকায় সংশ্লিষ্ট কর্মকর্তারা জানান, বিষয়টি নিয়ে দীর্ঘদিন ধরে আলোচনা চলছে এবং দ্রুত সমাধানের উদ্যোগ নেওয়া হয়েছে। স্থানীয় বাসিন্দারা বলেন, পরিস্থিতির উন্নতি না হলে তারা আরও কঠোর কর্মসূচি দেবেন। সরকারের পক্ষ থেকে জানানো হয়েছে, প্রয়োজনীয় সব ব্যবস্থা গ্রহণ করা হবে এবং দায়ীদের আইনের আওতায় আনা হবে। বিশেষজ্ঞরা মনে করেন, এ ধরনের ঘটনার পুনরাবৃত্তি রোধে সমন্বিত পরিকল্পনা প্রয়োজন।

রাজধানীর বিভিন্ন এলাকায় সংশ্লিষ্ট কর্মকর্তারা জানান, বিষয়টি নিয়ে দীর্ঘদিন ধরে আলোচনা চলছে এবং দ্রুত সমাধানের উদ্যোগ নেওয়া হয়েছে। স্থানীয় বাসিন্দারা বলেন, পরিস্থিতির উন্নতি না হলে তারা আরও কঠোর কর্মসূচি দেবেন। সরকারের পক্ষ থেকে জানানো হয়েছে, প্রয়োজনীয় সব ব্যবস্থা গ্রহণ করা হবে এবং দায়ীদের আইনের আওতায় আনা হবে। বিশেষজ্ঞরা মনে করেন, এ ধরনের ঘটনার পুনরাবৃত্তি রোধে সমন্বিত পরিকল্পনা প্রয়োজন। রাজধানীর বিভিন্ন এলাকায় সংশ্লিষ্ট কর্মকর্তারা জানান, বিষয়টি নিয়ে দীর্ঘদিন ধরে আলোচনা চলছে এবং দ্রুত সমাধানের উদ্যোগ নেওয়া হয়েছে। স্থানীয় বাসিন্দারা বলেন, পরিস্থিতির উন্নতি না হলে তারা আরও কঠোর কর্মসূচি দেবেন। সরকারের পক্ষ থেকে জানানো হয়েছে, প্রয়োজনীয় সব ব্যবস্থা গ্রহণ করা হবে এবং দায়ীদের আইনের আওতায় আনা হবে। বিশেষজ্ঞরা মনে করেন, এ ধরনের ঘটনার পুনরাবৃত্তি রোধে সমন্বিত পরিকল্পনা প্রয়োজন।

৭ কোম্পানির উদ্যোক্তা
প্রথম পৃষ্ঠার পর

রাজধানীর বিভিন্ন এলাকায় সংশ্লিষ্ট কর্মকর্তারা জানান, বিষয়টি নিয়ে দীর্ঘদিন ধরে আলোচনা চলছে এবং দ্রুত সমাধানের উদ্যোগ নেওয়া হয়েছে। স্থানীয় বাসিন্দারা বলেন, পরিস্থিতির উন্নতি না হলে তারা আরও কঠোর কর্মসূচি দেবেন। সরকারের পক্ষ থেকে জানানো হয়েছে, প্রয়োজনীয় সব ব্যবস্থা গ্রহণ করা হবে এবং দায়ীদের আইনের আওতায় আনা হবে। বিশেষজ্ঞরা মনে করেন, এ ধরনের ঘটনার পুনরাবৃত্তি রোধে সমন্বিত পরিকল্পনা প্রয়োজন। রাজধানীর বিভিন্ন এলাকায় সংশ্লিষ্ট কর্মকর্তারা জানান, বিষয়টি নিয়ে দীর্ঘদিন ধরে আলোচনা চলছে এবং দ্রুত সমাধানের উদ্যোগ নেওয়া হয়েছে। স্থানীয় বাসিন্দারা বলেন, পরিস্থিতির উন্নতি না হলে তারা আরও কঠোর কর্মসূচি দেবেন। সরকারের পক্ষ থেকে জানানো হয়েছে, প্রয়োজনীয় সব ব্যবস্থা গ্রহণ করা হবে এবং দায়ীদের আইনের আওতায় আনা হবে। বিশেষজ্ঞরা মনে করেন, এ ধরনের ঘটনার পুনরাবৃত্তি রোধে সমন্বিত পরিকল্পনা প্রয়োজন।

রাজধানীর বিভিন্ন এলাকায় সংশ্লিষ্ট কর্মকর্তারা জানান, বিষয়টি নিয়ে দীর্ঘদিন ধরে আলোচনা চলছে এবং দ্রুত সমাধানের উদ্যোগ নেওয়া হয়েছে। স্থানীয় বাসিন্দারা বলেন, পরিস্থিতির উন্নতি না হলে তারা আরও কঠোর কর্মসূচি দেবেন। সরকারের পক্ষ থেকে জানানো হয়েছে, প্রয়োজনীয় সব ব্যবস্থা গ্রহণ করা হবে এবং দায়ীদের আইনের আওতায় আনা হবে। বিশেষজ্ঞরা মনে করেন, এ ধরনের ঘটনার পুনরাবৃত্তি রোধে সমন্বিত পরিকল্পনা প্রয়োজন। রাজধানীর বিভিন্ন এলাকায় সংশ্লিষ্ট কর্মকর্তারা জানান, বিষয়টি নিয়ে দীর্ঘদিন ধরে আলোচনা চলছে এবং দ্রুত সমাধানের উদ্যোগ নেওয়া হয়েছে। স্থানীয় বাসিন্দারা বলেন, পরিস্থিতির উন্নতি না হলে তারা আরও কঠোর কর্মসূচি দেবেন। সরকারের পক্ষ থেকে জানানো হয়েছে, প্রয়োজনীয় সব ব্যবস্থা গ্রহণ করা হবে এবং দায়ীদের আইনের আওতায় আনা হবে। বিশেষজ্ঞরা মনে করেন, এ ধরনের ঘটনার পুনরাবৃত্তি রোধে সমন্বিত পরিকল্পনা প্রয়োজন।

রাজধানীর বিভিন্ন এলাকায় সংশ্লিষ্ট কর্মকর্তারা জানান, বিষয়টি নিয়ে দীর্ঘদিন ধরে আলোচনা চলছে এবং দ্রুত সমাধানের উদ্যোগ নেওয়া হয়েছে। স্থানীয় বাসিন্দারা বলেন, পরিস্থিতির উন্নতি না হলে তারা আরও কঠোর কর্মসূচি দেবেন। সরকারের পক্ষ থেকে জানানো হয়েছে, প্রয়োজনীয় সব ব্যবস্থা গ্রহণ করা হবে এবং দায়ীদের আইনের আওতায় আনা হবে। বিশেষজ্ঞরা মনে করেন, এ ধরনের ঘটনার পুনরাবৃত্তি রোধে সমন্বিত পরিকল্পনা প্রয়োজন। রাজধানীর বিভিন্ন এলাকায় সংশ্লিষ্ট কর্মকর্তারা জানান, বিষয়টি নিয়ে দীর্ঘদিন ধরে আলোচনা চলছে এবং দ্রুত সমাধানের উদ্যোগ নেওয়া হয়েছে। স্থানীয় বাসিন্দারা বলেন, পরিস্থিতির উন্নতি না হলে তারা আরও কঠোর কর্মসূচি দেবেন। সরকারের পক্ষ থেকে জানানো হয়েছে, প্রয়োজনীয় সব ব্যবস্থা গ্রহণ করা হবে এবং দায়ীদের আইনের আওতায় আনা হবে। বিশেষজ্ঞরা মনে করেন, এ ধরনের ঘটনার পুনরাবৃত্তি রোধে সমন্বিত পরিকল্পনা প্রয়োজন।

রাজধানীর বিভিন্ন এলাকায় সংশ্লিষ্ট কর্মকর্তারা জানান, বিষয়টি নিয়ে দীর্ঘদিন ধরে আলোচনা চলছে এবং দ্রুত সমাধানের উদ্যোগ নেওয়া হয়েছে। স্থানীয় বাসিন্দারা বলেন, পরিস্থিতির উন্নতি না হলে তারা আরও কঠোর কর্মসূচি দেবেন। সরকারের পক্ষ থেকে জানানো হয়েছে, প্রয়োজনীয় সব ব্যবস্থা গ্রহণ করা হবে এবং দায়ীদের আইনের আওতায় আনা হবে। বিশেষজ্ঞরা মনে করেন, এ ধরনের ঘটনার পুনরাবৃত্তি রোধে সমন্বিত পরিকল্পনা প্রয়োজন। রাজধানীর বিভিন্ন এলাকায় সংশ্লিষ্ট কর্মকর্তারা জানান, বিষয়টি নিয়ে দীর্ঘদিন ধরে আলোচনা চলছে এবং দ্রুত সমাধানের উদ্যোগ নেওয়া হয়েছে। স্থানীয় বাসিন্দারা বলেন, পরিস্থিতির উন্নতি না হলে তারা আরও কঠোর কর্মসূচি দেবেন। সরকারের পক্ষ থেকে জানানো হয়েছে, প্রয়োজনীয় সব ব্যবস্থা গ্রহণ করা হবে এবং দায়ীদের আইনের আওতায় আনা হবে। বিশেষজ্ঞরা মনে করেন, এ ধরনের ঘটনার পুনরাবৃত্তি রোধে সমন্বিত পরিকল্পনা প্রয়োজন।

আওয়ামী লীগ
প্রথম পৃষ্ঠার পর

রাজধানীর বিভিন্ন এলাকায় সংশ্লিষ্ট কর্মকর্তারা জানান, বিষয়টি নিয়ে দীর্ঘদিন ধরে আলোচনা চলছে এবং দ্রুত সমাধানের উদ্যোগ নেওয়া হয়েছে। স্থানীয় বাসিন্দারা বলেন, পরিস্থিতির উন্নতি না হলে তারা আরও কঠোর কর্মসূচি দেবেন। সরকারের পক্ষ থেকে জানানো হয়েছে, প্রয়োজনীয় সব ব্যবস্থা গ্রহণ করা হবে এবং দায়ীদের আইনের আওতায় আনা হবে। বিশেষজ্ঞরা মনে করেন, এ ধরনের ঘটনার পুনরাবৃত্তি রোধে সমন্বিত পরিকল্পনা প্রয়োজন। রাজধানীর বিভিন্ন এলাকায় সংশ্লিষ্ট কর্মকর্তারা জানান, বিষয়টি নিয়ে দীর্ঘদিন ধরে আলোচনা চলছে এবং দ্রুত সমাধানের উদ্যোগ নেওয়া হয়েছে। স্থানীয় বাসিন্দারা বলেন, পরিস্থিতির উন্নতি না হলে তারা আরও কঠোর কর্মসূচি দেবেন। সরকারের পক্ষ থেকে জানানো হয়েছে, প্রয়োজনীয় সব ব্যবস্থা গ্রহণ করা হবে এবং দায়ীদের আইনের আওতায় আনা হবে। বিশেষজ্ঞরা মনে করেন, এ ধরনের ঘটনার পুনরাবৃত্তি রোধে সমন্বিত পরিকল্পনা প্রয়োজন।

রাজধানীর বিভিন্ন এলাকায় সংশ্লিষ্ট কর্মকর্তারা জানান, বিষয়টি নিয়ে দীর্ঘদিন ধরে আলোচনা চলছে এবং দ্রুত সমাধানের উদ্যোগ নেওয়া হয়েছে। স্থানীয় বাসিন্দারা বলেন, পরিস্থিতির উন্নতি না হলে তারা আরও কঠোর কর্মসূচি দেবেন। সরকারের পক্ষ থেকে জানানো হয়েছে, প্রয়োজনীয় সব ব্যবস্থা গ্রহণ করা হবে এবং দায়ীদের আইনের আওতায় আনা হবে। বিশেষজ্ঞরা মনে করেন, এ ধরনের ঘটনার পুনরাবৃত্তি রোধে সমন্বিত পরিকল্পনা প্রয়োজন। রাজধানীর বিভিন্ন এলাকায় সংশ্লিষ্ট কর্মকর্তারা জানান, বিষয়টি নিয়ে দীর্ঘদিন ধরে আলোচনা চলছে এবং দ্রুত সমাধানের উদ্যোগ নেওয়া হয়েছে। স্থানীয় বাসিন্দারা বলেন, পরিস্থিতির উন্নতি না হলে তারা আরও কঠোর কর্মসূচি দেবেন। সরকারের পক্ষ থেকে জানানো হয়েছে, প্রয়োজনীয় সব ব্যবস্থা গ্রহণ করা হবে এবং দায়ীদের আইনের আওতায় আনা হবে। বিশেষজ্ঞরা মনে করেন, এ ধরনের ঘটনার পুনরাবৃত্তি রোধে সমন্বিত পরিকল্পনা প্রয়োজন।

রাজধানীর বিভিন্ন এলাকায় সংশ্লিষ্ট কর্মকর্তারা জানান, বিষয়টি নিয়ে দীর্ঘদিন ধরে আলোচনা চলছে এবং দ্রুত সমাধানের উদ্যোগ নেওয়া হয়েছে। স্থানীয় বাসিন্দারা বলেন, পরিস্থিতির উন্নতি না হলে তারা আরও কঠোর কর্মসূচি দেবেন। সরকারের পক্ষ থেকে জানানো হয়েছে, প্রয়োজনীয় সব ব্যবস্থা গ্রহণ করা হবে এবং দায়ীদের আইনের আওতায় আনা হবে। বিশেষজ্ঞরা মনে করেন, এ ধরনের ঘটনার পুনরাবৃত্তি রোধে সমন্বিত পরিকল্পনা প্রয়োজন। রাজধানীর বিভিন্ন এলাকায় সংশ্লিষ্ট কর্মকর্তারা জানান, বিষয়টি নিয়ে দীর্ঘদিন ধরে আলোচনা চলছে এবং দ্রুত সমাধানের উদ্যোগ নেওয়া হয়েছে। স্থানীয় বাসিন্দারা বলেন, পরিস্থিতির উন্নতি না হলে তারা আরও কঠোর কর্মসূচি দেবেন। সরকারের পক্ষ থেকে জানানো হয়েছে, প্রয়োজনীয় সব ব্যবস্থা গ্রহণ করা হবে এবং দায়ীদের আইনের আওতায় আনা হবে। বিশেষজ্ঞরা মনে করেন, এ ধরনের ঘটনার পুনরাবৃত্তি রোধে সমন্বিত পরিকল্পনা প্রয়োজন।

রাজধানীর বিভিন্ন এলাকায় সংশ্লিষ্ট কর্মকর্তারা জানান, বিষয়টি নিয়ে দীর্ঘদিন ধরে আলোচনা চলছে এবং দ্রুত সমাধানের উদ্যোগ নেওয়া হয়েছে। স্থানীয় বাসিন্দারা বলেন, পরিস্থিতির উন্নতি না হলে তারা আরও কঠোর কর্মসূচি দেবেন। সরকারের পক্ষ থেকে জানানো হয়েছে, প্রয়োজনীয় সব ব্যবস্থা গ্রহণ করা হবে এবং দায়ীদের আইনের আওতায় আনা হবে। বিশেষজ্ঞরা মনে করেন, এ ধরনের ঘটনার পুনরাবৃত্তি রোধে সমন্বিত পরিকল্পনা প্রয়োজন। রাজধানীর বিভিন্ন এলাকায় সংশ্লিষ্ট কর্মকর্তারা জানান, বিষয়টি নিয়ে দীর্ঘদিন ধরে আলোচনা চলছে এবং দ্রুত সমাধানের উদ্যোগ নেওয়া হয়েছে। স্থানীয় বাসিন্দারা বলেন, পরিস্থিতির উন্নতি না হলে তারা আরও কঠোর কর্মসূচি দেবেন। সরকারের পক্ষ থেকে জানানো হয়েছে, প্রয়োজনীয় সব ব্যবস্থা গ্রহণ করা হবে এবং দায়ীদের আইনের আওতায় আনা হবে। বিশেষজ্ঞরা মনে করেন, এ ধরনের ঘটনার পুনরাবৃত্তি রোধে সমন্বিত পরিকল্পনা প্রয়োজন।

রাজধানীর বিভিন্ন এলাকায় সংশ্লিষ্ট কর্মকর্তারা জানান, বিষয়টি নিয়ে দীর্ঘদিন ধরে আলোচনা চলছে এবং দ্রুত সমাধানের উদ্যোগ নেওয়া হয়েছে। স্থানীয় বাসিন্দারা বলেন, পরিস্থিতির উন্নতি না হলে তারা আরও কঠোর কর্মসূচি দেবেন। সরকারের পক্ষ থেকে জানানো হয়েছে, প্রয়োজনীয় সব ব্যবস্থা গ্রহণ করা হবে এবং দায়ীদের আইনের আওতায় আনা হবে। বিশেষজ্ঞরা মনে করেন, এ ধরনের ঘটনার পুনরাবৃত্তি রোধে সমন্বিত পরিকল্পনা প্রয়োজন। রাজধানীর বিভিন্ন এলাকায় সংশ্লিষ্ট কর্মকর্তারা জানান, বিষয়টি নিয়ে দীর্ঘদিন ধরে আলোচনা চলছে এবং দ্রুত সমাধানের উদ্যোগ নেওয়া হয়েছে। স্থানীয় বাসিন্দারা বলেন, পরিস্থিতির উন্নতি না হলে তারা আরও কঠোর কর্মসূচি দেবেন। সরকারের পক্ষ থেকে জানানো হয়েছে, প্রয়োজনীয় সব ব্যবস্থা গ্রহণ করা হবে এবং দায়ীদের আইনের আওতায় আনা হবে। বিশেষজ্ঞরা মনে করেন, এ ধরনের ঘটনার পুনরাবৃত্তি রোধে সমন্বিত পরিকল্পনা প্রয়োজন।

আজহারকে মুক্তি না দিলে ৩
প্রথম পৃষ্ঠার পর

রাজধানীর বিভিন্ন এলাকায় সংশ্লিষ্ট কর্মকর্তারা জানান, বিষয়টি নিয়ে দীর্ঘদিন ধরে আলোচনা চলছে এবং দ্রুত সমাধানের উদ্যোগ নেওয়া হয়েছে। স্থানীয় বাসিন্দারা বলেন, পরিস্থিতির উন্নতি না হলে তারা আরও কঠোর কর্মসূচি দেবেন। সরকারের পক্ষ থেকে জানানো হয়েছে, প্রয়োজনীয় সব ব্যবস্থা গ্রহণ করা হবে এবং দায়ীদের আইনের আওতায় আনা হবে। বিশেষজ্ঞরা মনে করেন, এ ধরনের ঘটনার পুনরাবৃত্তি রোধে সমন্বিত পরিকল্পনা প্রয়োজন। রাজধানীর বিভিন্ন এলাকায় সংশ্লিষ্ট কর্মকর্তারা জানান, বিষয়টি নিয়ে দীর্ঘদিন ধরে আলোচনা চলছে এবং দ্রুত সমাধানের উদ্যোগ নেওয়া হয়েছে। স্থানীয় বাসিন্দারা বলেন, পরিস্থিতির উন্নতি না হলে তারা আরও কঠোর কর্মসূচি দেবেন। সরকারের পক্ষ থেকে জানানো হয়েছে, প্রয়োজনীয় সব ব্যবস্থা গ্রহণ করা হবে এবং দায়ীদের আইনের আওতায় আনা হবে। বিশেষজ্ঞরা মনে করেন, এ ধরনের ঘটনার পুনরাবৃত্তি রোধে সমন্বিত পরিকল্পনা প্রয়োজন।

রাজধানীর বিভিন্ন এলাকায় সংশ্লিষ্ট কর্মকর্তারা জানান, বিষয়টি নিয়ে দীর্ঘদিন ধরে আলোচনা চলছে এবং দ্রুত সমাধানের উদ্যোগ নেওয়া হয়েছে। স্থানীয় বাসিন্দারা বলেন, পরিস্থিতির উন্নতি না হলে তারা আরও কঠোর কর্মসূচি দেবেন। সরকারের পক্ষ থেকে জানানো হয়েছে, প্রয়োজনীয় সব ব্যবস্থা গ্রহণ করা হবে এবং দায়ীদের আইনের আওতায় আনা হবে। বিশেষজ্ঞরা মনে করেন, এ ধরনের ঘটনার পুনরাবৃত্তি রোধে সমন্বিত পরিকল্পনা প্রয়োজন। রাজধানীর বিভিন্ন এলাকায় সংশ্লিষ্ট কর্মকর্তারা জানান, বিষয়টি নিয়ে দীর্ঘদিন ধরে আলোচনা চলছে এবং দ্রুত সমাধানের উদ্যোগ নেওয়া হয়েছে। স্থানীয় বাসিন্দারা বলেন, পরিস্থিতির উন্নতি না হলে তারা আরও কঠোর কর্মসূচি দেবেন। সরকারের পক্ষ থেকে জানানো হয়েছে, প্রয়োজনীয় সব ব্যবস্থা গ্রহণ করা হবে এবং দায়ীদের আইনের আওতায় আনা হবে। বিশেষজ্ঞরা মনে করেন, এ ধরনের ঘটনার পুনরাবৃত্তি রোধে সমন্বিত পরিকল্পনা প্রয়োজন।

পুঁজিবাজার থেকে মুখ ফিরিয়ে নিচ্ছেন
প্রথম পৃষ্ঠার পর

রাজধানীর বিভিন্ন এলাকায় সংশ্লিষ্ট কর্মকর্তারা জানান, বিষয়টি নিয়ে দীর্ঘদিন ধরে আলোচনা চলছে এবং দ্রুত সমাধানের উদ্যোগ নেওয়া হয়েছে। স্থানীয় বাসিন্দারা বলেন, পরিস্থিতির উন্নতি না হলে তারা আরও কঠোর কর্মসূচি দেবেন। সরকারের পক্ষ থেকে জানানো হয়েছে, প্রয়োজনীয় সব ব্যবস্থা গ্রহণ করা হবে এবং দায়ীদের আইনের আওতায় আনা হবে। বিশেষজ্ঞরা মনে করেন, এ ধরনের ঘটনার পুনরাবৃত্তি রোধে সমন্বিত পরিকল্পনা প্রয়োজন। রাজধানীর বিভিন্ন এলাকায় সংশ্লিষ্ট কর্মকর্তারা জানান, বিষয়টি নিয়ে দীর্ঘদিন ধরে আলোচনা চলছে এবং দ্রুত সমাধানের উদ্যোগ নেওয়া হয়েছে। স্থানীয় বাসিন্দারা বলেন, পরিস্থিতির উন্নতি না হলে তারা আরও কঠোর কর্মসূচি দেবেন। সরকারের পক্ষ থেকে জানানো হয়েছে, প্রয়োজনীয় সব ব্যবস্থা গ্রহণ করা হবে এবং দায়ীদের আইনের আওতায় আনা হবে। বিশেষজ্ঞরা মনে করেন, এ ধরনের ঘটনার পুনরাবৃত্তি রোধে সমন্বিত পরিকল্পনা প্রয়োজন।

রাজধানীর বিভিন্ন এলাকায় সংশ্লিষ্ট কর্মকর্তারা জানান, বিষয়টি নিয়ে দীর্ঘদিন ধরে আলোচনা চলছে এবং দ্রুত সমাধানের উদ্যোগ নেওয়া হয়েছে। স্থানীয় বাসিন্দারা বলেন, পরিস্থিতির উন্নতি না হলে তারা আরও কঠোর কর্মসূচি দেবেন। সরকারের পক্ষ থেকে জানানো হয়েছে, প্রয়োজনীয় সব ব্যবস্থা গ্রহণ করা হবে এবং দায়ীদের আইনের আওতায় আনা হবে। বিশেষজ্ঞরা মনে করেন, এ ধরনের ঘটনার পুনরাবৃত্তি রোধে সমন্বিত পরিকল্পনা প্রয়োজন। রাজধানীর বিভিন্ন এলাকায় সংশ্লিষ্ট কর্মকর্তারা জানান, বিষয়টি নিয়ে দীর্ঘদিন ধরে আলোচনা চলছে এবং দ্রুত সমাধানের উদ্যোগ নেওয়া হয়েছে। স্থানীয় বাসিন্দারা বলেন, পরিস্থিতির উন্নতি না হলে তারা আরও কঠোর কর্মসূচি দেবেন। সরকারের পক্ষ থেকে জানানো হয়েছে, প্রয়োজনীয় সব ব্যবস্থা গ্রহণ করা হবে এবং দায়ীদের আইনের আওতায় আনা হবে। বিশেষজ্ঞরা মনে করেন, এ ধরনের ঘটনার পুনরাবৃত্তি রোধে সমন্বিত পরিকল্পনা প্রয়োজন।

রাজধানীর বিভিন্ন এলাকায় সংশ্লিষ্ট কর্মকর্তারা জানান, বিষয়টি নিয়ে দীর্ঘদিন ধরে আলোচনা চলছে এবং দ্রুত সমাধানের উদ্যোগ নেওয়া হয়েছে। স্থানীয় বাসিন্দারা বলেন, পরিস্থিতির উন্নতি না হলে তারা আরও কঠোর কর্মসূচি দেবেন। সরকারের পক্ষ থেকে জানানো হয়েছে, প্রয়োজনীয় সব ব্যবস্থা গ্রহণ করা হবে এবং দায়ীদের আইনের আওতায় আনা হবে। বিশেষজ্ঞরা মনে করেন, এ ধরনের ঘটনার পুনরাবৃত্তি রোধে সমন্বিত পরিকল্পনা প্রয়োজন। রাজধানীর বিভিন্ন এলাকায় সংশ্লিষ্ট কর্মকর্তারা জানান, বিষয়টি নিয়ে দীর্ঘদিন ধরে আলোচনা চলছে এবং দ্রুত সমাধানের উদ্যোগ নেওয়া হয়েছে। স্থানীয় বাসিন্দারা বলেন, পরিস্থিতির উন্নতি না হলে তারা আরও কঠোর কর্মসূচি দেবেন। সরকারের পক্ষ থেকে জানানো হয়েছে, প্রয়োজনীয় সব ব্যবস্থা গ্রহণ করা হবে এবং দায়ীদের আইনের আওতায় আনা হবে। বিশেষজ্ঞরা মনে করেন, এ ধরনের ঘটনার পুনরাবৃত্তি রোধে সমন্বিত পরিকল্পনা প্রয়োজন।

রাজধানীর বিভিন্ন এলাকায় সংশ্লিষ্ট কর্মকর্তারা জানান, বিষয়টি নিয়ে দীর্ঘদিন ধরে আলোচনা চলছে এবং দ্রুত সমাধানের উদ্যোগ নেওয়া হয়েছে। স্থানীয় বাসিন্দারা বলেন, পরিস্থিতির উন্নতি না হলে তারা আরও কঠোর কর্মসূচি দেবেন। সরকারের পক্ষ থেকে জানানো হয়েছে, প্রয়োজনীয় সব ব্যবস্থা গ্রহণ করা হবে এবং দায়ীদের আইনের আওতায় আনা হবে। বিশেষজ্ঞরা মনে করেন, এ ধরনের ঘটনার পুনরাবৃত্তি রোধে সমন্বিত পরিকল্পনা প্রয়োজন। রাজধানীর বিভিন্ন এলাকায় সংশ্লিষ্ট কর্মকর্তারা জানান, বিষয়টি নিয়ে দীর্ঘদিন ধরে আলোচনা চলছে এবং দ্রুত সমাধানের উদ্যোগ নেওয়া হয়েছে। স্থানীয় বাসিন্দারা বলেন, পরিস্থিতির উন্নতি না হলে তারা আরও কঠোর কর্মসূচি দেবেন। সরকারের পক্ষ থেকে জানানো হয়েছে, প্রয়োজনীয় সব ব্যবস্থা গ্রহণ করা হবে এবং দায়ীদের আইনের আওতায় আনা হবে। বিশেষজ্ঞরা মনে করেন, এ ধরনের ঘটনার পুনরাবৃত্তি রোধে সমন্বিত পরিকল্পনা প্রয়োজন।

রাজধানীর বিভিন্ন এলাকায় সংশ্লিষ্ট কর্মকর্তারা জানান, বিষয়টি নিয়ে দীর্ঘদিন ধরে আলোচনা চলছে এবং দ্রুত সমাধানের উদ্যোগ নেওয়া হয়েছে। স্থানীয় বাসিন্দারা বলেন, পরিস্থিতির উন্নতি না হলে তারা আরও কঠোর কর্মসূচি দেবেন। সরকারের পক্ষ থেকে জানানো হয়েছে, প্রয়োজনীয় সব ব্যবস্থা গ্রহণ করা হবে এবং দায়ীদের আইনের আওতায় আনা হবে। বিশেষজ্ঞরা মনে করেন, এ ধরনের ঘটনার পুনরাবৃত্তি রোধে সমন্বিত পরিকল্পনা প্রয়োজন। রাজধানীর বিভিন্ন এলাকায় সংশ্লিষ্ট কর্মকর্তারা জানান, বিষয়টি নিয়ে দীর্ঘদিন ধরে আলোচনা চলছে এবং দ্রুত সমাধানের উদ্যোগ নেওয়া হয়েছে। স্থানীয় বাসিন্দারা বলেন, পরিস্থিতির উন্নতি না হলে তারা আরও কঠোর কর্মসূচি দেবেন। সরকারের পক্ষ থেকে জানানো হয়েছে, প্রয়োজনীয় সব ব্যবস্থা গ্রহণ করা হবে এবং দায়ীদের আইনের আওতায় আনা হবে। বিশেষজ্ঞরা মনে করেন, এ ধরনের ঘটনার পুনরাবৃত্তি রোধে সমন্বিত পরিকল্পনা প্রয়োজন।

রাজধানীর বিভিন্ন এলাকায় সংশ্লিষ্ট কর্মকর্তারা জানান, বিষয়টি নিয়ে দীর্ঘদিন ধরে আলোচনা চলছে এবং দ্রুত সমাধানের উদ্যোগ নেওয়া হয়েছে। স্থানীয় বাসিন্দারা বলেন, পরিস্থিতির উন্নতি না হলে তারা আরও কঠোর কর্মসূচি দেবেন। সরকারের পক্ষ থেকে জানানো হয়েছে, প্রয়োজনীয় সব ব্যবস্থা গ্রহণ করা হবে এবং দায়ীদের আইনের আওতায় আনা হবে। বিশেষজ্ঞরা মনে করেন, এ ধরনের ঘটনার পুনরাবৃত্তি রোধে সমন্বিত পরিকল্পনা প্রয়োজন। রাজধানীর বিভিন্ন এলাকায় সংশ্লিষ্ট কর্মকর্তারা জানান, বিষয়টি নিয়ে দীর্ঘদিন ধরে আলোচনা চলছে এবং দ্রুত সমাধানের উদ্যোগ নেওয়া হয়েছে। স্থানীয় বাসিন্দারা বলেন, পরিস্থিতির উন্নতি না হলে তারা আরও কঠোর কর্মসূচি দেবেন। সরকারের পক্ষ থেকে জানানো হয়েছে, প্রয়োজনীয় সব ব্যবস্থা গ্রহণ করা হবে এবং দায়ীদের আইনের আওতায় আনা হবে। বিশেষজ্ঞরা মনে করেন, এ ধরনের ঘটনার পুনরাবৃত্তি রোধে সমন্বিত পরিকল্পনা প্রয়োজন।

রাজধানীর বিভিন্ন এলাকায় সংশ্লিষ্ট কর্মকর্তারা জানান, বিষয়টি নিয়ে দীর্ঘদিন ধরে আলোচনা চলছে এবং দ্রুত সমাধানের উদ্যোগ নেওয়া হয়েছে। স্থানীয় বাসিন্দারা বলেন, পরিস্থিতির উন্নতি না হলে তারা আরও কঠোর কর্মসূচি দেবেন। সরকারের পক্ষ থেকে জানানো হয়েছে, প্রয়োজনীয় সব ব্যবস্থা গ্রহণ করা হবে এবং দায়ীদের আইনের আওতায় আনা হবে। বিশেষজ্ঞরা মনে করেন, এ ধরনের ঘটনার পুনরাবৃত্তি রোধে সমন্বিত পরিকল্পনা প্রয়োজন। রাজধানীর বিভিন্ন এলাকায় সংশ্লিষ্ট কর্মকর্তারা জানান, বিষয়টি নিয়ে দীর্ঘদিন ধরে আলোচনা চলছে এবং দ্রুত সমাধানের উদ্যোগ নেওয়া হয়েছে। স্থানীয় বাসিন্দারা বলেন, পরিস্থিতির উন্নতি না হলে তারা আরও কঠোর কর্মসূচি দেবেন। সরকারের পক্ষ থেকে জানানো হয়েছে, প্রয়োজনীয় সব ব্যবস্থা গ্রহণ করা হবে এবং দায়ীদের আইনের আওতায় আনা হবে। বিশেষজ্ঞরা মনে করেন, এ ধরনের ঘটনার পুনরাবৃত্তি রোধে সমন্বিত পরিকল্পনা প্রয়োজন।

রাজধানীর বিভিন্ন এলাকায় সংশ্লিষ্ট কর্মকর্তারা জানান, বিষয়টি নিয়ে দীর্ঘদিন ধরে আলোচনা চলছে এবং দ্রুত সমাধানের উদ্যোগ নেওয়া হয়েছে। স্থানীয় বাসিন্দারা বলেন, পরিস্থিতির উন্নতি না হলে তারা আরও কঠোর কর্মসূচি দেবেন। সরকারের পক্ষ থেকে জানানো হয়েছে, প্রয়োজনীয় সব ব্যবস্থা গ্রহণ করা হবে এবং দায়ীদের আইনের আওতায় আনা হবে। বিশেষজ্ঞরা মনে করেন, এ ধরনের ঘটনার পুনরাবৃত্তি রোধে সমন্বিত পরিকল্পনা প্রয়োজন। রাজধানীর বিভিন্ন এলাকায় সংশ্লিষ্ট কর্মকর্তারা জানান, বিষয়টি নিয়ে দীর্ঘদিন ধরে আলোচনা চলছে এবং দ্রুত সমাধানের উদ্যোগ নেওয়া হয়েছে। স্থানীয় বাসিন্দারা বলেন, পরিস্থিতির উন্নতি না হলে তারা আরও কঠোর কর্মসূচি দেবেন। সরকারের পক্ষ থেকে জানানো হয়েছে, প্রয়োজনীয় সব ব্যবস্থা গ্রহণ করা হবে এবং দায়ীদের আইনের আওতায় আনা হবে। বিশেষজ্ঞরা মনে করেন, এ ধরনের ঘটনার পুনরাবৃত্তি রোধে সমন্বিত পরিকল্পনা প্রয়োজন।

রাজধানীর বিভিন্ন এলাকায় সংশ্লিষ্ট কর্মকর্তারা জানান, বিষয়টি নিয়ে দীর্ঘদিন ধরে আলোচনা চলছে এবং দ্রুত সমাধানের উদ্যোগ নেওয়া হয়েছে। স্থানীয় বাসিন্দারা বলেন, পরিস্থিতির উন্নতি না হলে তারা আরও কঠোর কর্মসূচি দেবেন। সরকারের পক্ষ থেকে জানানো হয়েছে, প্রয়োজনীয় সব ব্যবস্থা গ্রহণ করা হবে এবং দায়ীদের আইনের আওতায় আনা হবে। বিশেষজ্ঞরা মনে করেন, এ ধরনের ঘটনার পুনরাবৃত্তি রোধে সমন্বিত পরিকল্পনা প্রয়োজন। রাজধানীর বিভিন্ন এলাকায় সংশ্লিষ্ট কর্মকর্তারা জানান, বিষয়টি নিয়ে দীর্ঘদিন ধরে আলোচনা চলছে এবং দ্রুত সমাধানের উদ্যোগ নেওয়া হয়েছে। স্থানীয় বাসিন্দারা বলেন, পরিস্থিতির উন্নতি না হলে তারা আরও কঠোর কর্মসূচি দেবেন। সরকারের পক্ষ থেকে জানানো হয়েছে, প্রয়োজনীয় সব ব্যবস্থা গ্রহণ করা হবে এবং দায়ীদের আইনের আওতায় আনা হবে। বিশেষজ্ঞরা মনে করেন, এ ধরনের ঘটনার পুনরাবৃত্তি রোধে সমন্বিত পরিকল্পনা প্রয়োজন।

রাজধানীর বিভিন্ন এলাকায় সংশ্লিষ্ট কর্মকর্তারা জানান, বিষয়টি নিয়ে দীর্ঘদিন ধরে আলোচনা চলছে এবং দ্রুত সমাধানের উদ্যোগ নেওয়া হয়েছে। স্থানীয় বাসিন্দারা বলেন, পরিস্থিতির উন্নতি না হলে তারা আরও কঠোর কর্মসূচি দেবেন। সরকারের পক্ষ থেকে জানানো হয়েছে, প্রয়োজনীয় সব ব্যবস্থা গ্রহণ করা হবে এবং দায়ীদের আইনের আওতায় আনা হবে। বিশেষজ্ঞরা মনে করেন, এ ধরনের ঘটনার পুনরাবৃত্তি রোধে সমন্বিত পরিকল্পনা প্রয়োজন। রাজধানীর বিভিন্ন এলাকায় সংশ্লিষ্ট কর্মকর্তারা জানান, বিষয়টি নিয়ে দীর্ঘদিন ধরে আলোচনা চলছে এবং দ্রুত সমাধানের উদ্যোগ নেওয়া হয়েছে। স্থানীয় বাসিন্দারা বলেন, পরিস্থিতির উন্নতি না হলে তারা আরও কঠোর কর্মসূচি দেবেন। সরকারের পক্ষ থেকে জানানো হয়েছে, প্রয়োজনীয় সব ব্যবস্থা গ্রহণ করা হবে এবং দায়ীদের আইনের আওতায় আনা হবে। বিশেষজ্ঞরা মনে করেন, এ ধরনের ঘটনার পুনরাবৃত্তি রোধে সমন্বিত পরিকল্পনা প্রয়োজন।

সরকারকে চাপে
প্রথম পৃষ্ঠার পর

রাজধানীর বিভিন্ন এলাকায় সংশ্লিষ্ট কর্মকর্তারা জানান, বিষয়টি নিয়ে দীর্ঘদিন ধরে আলোচনা চলছে এবং দ্রুত সমাধানের উদ্যোগ নেওয়া হয়েছে। স্থানীয় বাসিন্দারা বলেন, পরিস্থিতির উন্নতি না হলে তারা আরও কঠোর কর্মসূচি দেবেন। সরকারের পক্ষ থেকে জানানো হয়েছে, প্রয়োজনীয় সব ব্যবস্থা গ্রহণ করা হবে এবং দায়ীদের আইনের আওতায় আনা হবে। বিশেষজ্ঞরা মনে করেন, এ ধরনের ঘটনার পুনরাবৃত্তি রোধে সমন্বিত পরিকল্পনা প্রয়োজন। রাজধানীর বিভিন্ন এলাকায় সংশ্লিষ্ট কর্মকর্তারা জানান, বিষয়টি নিয়ে দীর্ঘদিন ধরে আলোচনা চলছে এবং দ্রুত সমাধানের উদ্যোগ নেওয়া হয়েছে। স্থানীয় বাসিন্দারা বলেন, পরিস্থিতির উন্নতি না হলে তারা আরও কঠোর কর্মসূচি দেবেন। সরকারের পক্ষ থেকে জানানো হয়েছে, প্রয়োজনীয় সব ব্যবস্থা গ্রহণ করা হবে এবং দায়ীদের আইনের আওতায় আনা হবে। বিশেষজ্ঞরা মনে করেন, এ ধরনের ঘটনার পুনরাবৃত্তি রোধে সমন্বিত পরিকল্পনা প্রয়োজন।

রাজধানীর বিভিন্ন এলাকায় সংশ্লিষ্ট কর্মকর্তারা জানান, বিষয়টি নিয়ে দীর্ঘদিন ধরে আলোচনা চলছে এবং দ্রুত সমাধানের উদ্যোগ নেওয়া হয়েছে। স্থানীয় বাসিন্দারা বলেন, পরিস্থিতির উন্নতি না হলে তারা আরও কঠোর কর্মসূচি দেবেন। সরকারের পক্ষ থেকে জানানো হয়েছে, প্রয়োজনীয় সব ব্যবস্থা গ্রহণ করা হবে এবং দায়ীদের আইনের আওতায় আনা হবে। বিশেষজ্ঞরা মনে করেন, এ ধরনের ঘটনার পুনরাবৃত্তি রোধে সমন্বিত পরিকল্পনা প্রয়োজন। রাজধানীর বিভিন্ন এলাকায় সংশ্লিষ্ট কর্মকর্তারা জানান, বিষয়টি নিয়ে দীর্ঘদিন ধরে আলোচনা চলছে এবং দ্রুত সমাধানের উদ্যোগ নেওয়া হয়েছে। স্থানীয় বাসিন্দারা বলেন, পরিস্থিতির উন্নতি না হলে তারা আরও কঠোর কর্মসূচি দেবেন। সরকারের পক্ষ থেকে জানানো হয়েছে, প্রয়োজনীয় সব ব্যবস্থা গ্রহণ করা হবে এবং দায়ীদের আইনের আওতায় আনা হবে। বিশেষজ্ঞরা মনে করেন, এ ধরনের ঘটনার পুনরাবৃত্তি রোধে সমন্বিত পরিকল্পনা প্রয়োজন।

বিচার ও পুলিশ বিভাগের সিন্ডিকেট
প্রথম পৃষ্ঠার পর

রাজধানীর বিভিন্ন এলাকায় সংশ্লিষ্ট কর্মকর্তারা জানান, বিষয়টি নিয়ে দীর্ঘদিন ধরে আলোচনা চলছে এবং দ্রুত সমাধানের উদ্যোগ নেওয়া হয়েছে। স্থানীয় বাসিন্দারা বলেন, পরিস্থিতির উন্নতি না হলে তারা আরও কঠোর কর্মসূচি দেবেন। সরকারের পক্ষ থেকে জানানো হয়েছে, প্রয়োজনীয় সব ব্যবস্থা গ্রহণ করা হবে এবং দায়ীদের আইনের আওতায় আনা হবে। বিশেষজ্ঞরা মনে করেন, এ ধরনের ঘটনার পুনরাবৃত্তি রোধে সমন্বিত পরিকল্পনা প্রয়োজন। রাজধানীর বিভিন্ন এলাকায় সংশ্লিষ্ট কর্মকর্তারা জানান, বিষয়টি নিয়ে দীর্ঘদিন ধরে আলোচনা চলছে এবং দ্রুত সমাধানের উদ্যোগ নেওয়া হয়েছে। স্থানীয় বাসিন্দারা বলেন, পরিস্থিতির উন্নতি না হলে তারা আরও কঠোর কর্মসূচি দেবেন। সরকারের পক্ষ থেকে জানানো হয়েছে, প্রয়োজনীয় সব ব্যবস্থা গ্রহণ করা হবে এবং দায়ীদের আইনের আওতায় আনা হবে। বিশেষজ্ঞরা মনে করেন, এ ধরনের ঘটনার পুনরাবৃত্তি রোধে সমন্বিত পরিকল্পনা প্রয়োজন।

রাজধানীর বিভিন্ন এলাকায় সংশ্লিষ্ট কর্মকর্তারা জানান, বিষয়টি নিয়ে দীর্ঘদিন ধরে আলোচনা চলছে এবং দ্রুত সমাধানের উদ্যোগ নেওয়া হয়েছে। স্থানীয় বাসিন্দারা বলেন, পরিস্থিতির উন্নতি না হলে তারা আরও কঠোর কর্মসূচি দেবেন। সরকারের পক্ষ থেকে জানানো হয়েছে, প্রয়োজনীয় সব ব্যবস্থা গ্রহণ করা হবে এবং দায়ীদের আইনের আওতায় আনা হবে। বিশেষজ্ঞরা মনে করেন, এ ধরনের ঘটনার পুনরাবৃত্তি রোধে সমন্বিত পরিকল্পনা প্রয়োজন। রাজধানীর বিভিন্ন এলাকায় সংশ্লিষ্ট কর্মকর্তারা জানান, বিষয়টি নিয়ে দীর্ঘদিন ধরে আলোচনা চলছে এবং দ্রুত সমাধানের উদ্যোগ নেওয়া হয়েছে। স্থানীয় বাসিন্দারা বলেন, পরিস্থিতির উন্নতি না হলে তারা আরও কঠোর কর্মসূচি দেবেন। সরকারের পক্ষ থেকে জানানো হয়েছে, প্রয়োজনীয় সব ব্যবস্থা গ্রহণ করা হবে এবং দায়ীদের আইনের আওতায় আনা হবে। বিশেষজ্ঞরা মনে করেন, এ ধরনের ঘটনার পুনরাবৃত্তি রোধে সমন্বিত পরিকল্পনা প্রয়োজন।

সুন্দর ভবিষ্যতের জন্য পরিবেশের সুরক্ষা
প্রথম পৃষ্ঠার পর

রাজধানীর বিভিন্ন এলাকায় সংশ্লিষ্ট কর্মকর্তারা জানান, বিষয়টি নিয়ে দীর্ঘদিন ধরে আলোচনা চলছে এবং দ্রুত সমাধানের উদ্যোগ নেওয়া হয়েছে। স্থানীয় বাসিন্দারা বলেন, পরিস্থিতির উন্নতি না হলে তারা আরও কঠোর কর্মসূচি দেবেন। সরকারের পক্ষ থেকে জানানো হয়েছে, প্রয়োজনীয় সব ব্যবস্থা গ্রহণ করা হবে এবং দায়ীদের আইনের আওতায় আনা হবে। বিশেষজ্ঞরা মনে করেন, এ ধরনের ঘটনার পুনরাবৃত্তি রোধে সমন্বিত পরিকল্পনা প্রয়োজন। রাজধানীর বিভিন্ন এলাকায় সংশ্লিষ্ট কর্মকর্তারা জানান, বিষয়টি নিয়ে দীর্ঘদিন ধরে আলোচনা চলছে এবং দ্রুত সমাধানের উদ্যোগ নেওয়া হয়েছে। স্থানীয় বাসিন্দারা বলেন, পরিস্থিতির উন্নতি না হলে তারা আরও কঠোর কর্মসূচি দেবেন। সরকারের পক্ষ থেকে জানানো হয়েছে, প্রয়োজনীয় সব ব্যবস্থা গ্রহণ করা হবে এবং দায়ীদের আইনের আওতায় আনা হবে। বিশেষজ্ঞরা মনে করেন, এ ধরনের ঘটনার পুনরাবৃত্তি রোধে সমন্বিত পরিকল্পনা প্রয়োজন।

রাজধানীর বিভিন্ন এলাকায় সংশ্লিষ্ট কর্মকর্তারা জানান, বিষয়টি নিয়ে দীর্ঘদিন ধরে আলোচনা চলছে এবং দ্রুত সমাধানের উদ্যোগ নেওয়া হয়েছে। স্থানীয় বাসিন্দারা বলেন, পরিস্থিতির উন্নতি না হলে তারা আরও কঠোর কর্মসূচি দেবেন। সরকারের পক্ষ থেকে জানানো হয়েছে, প্রয়োজনীয় সব ব্যবস্থা গ্রহণ করা হবে এবং দায়ীদের আইনের আওতায় আনা হবে। বিশেষজ্ঞরা মনে করেন, এ ধরনের ঘটনার পুনরাবৃত্তি রোধে সমন্বিত পরিকল্পনা প্রয়োজন। রাজধানীর বিভিন্ন এলাকায় সংশ্লিষ্ট কর্মকর্তারা জানান, বিষয়টি নিয়ে দীর্ঘদিন ধরে আলোচনা চলছে এবং দ্রুত সমাধানের উদ্যোগ নেওয়া হয়েছে। স্থানীয় বাসিন্দারা বলেন, পরিস্থিতির উন্নতি না হলে তারা আরও কঠোর কর্মসূচি দেবেন। সরকারের পক্ষ থেকে জানানো হয়েছে, প্রয়োজনীয় সব ব্যবস্থা গ্রহণ করা হবে এবং দায়ীদের আইনের আওতায় আনা হবে। বিশেষজ্ঞরা মনে করেন, এ ধরনের ঘটনার পুনরাবৃত্তি রোধে সমন্বিত পরিকল্পনা প্রয়োজন।

রাজধানীর বিভিন্ন এলাকায় সংশ্লিষ্ট কর্মকর্তারা জানান, বিষয়টি নিয়ে দীর্ঘদিন ধরে আলোচনা চলছে এবং দ্রুত সমাধানের উদ্যোগ নেওয়া হয়েছে। স্থানীয় বাসিন্দারা বলেন, পরিস্থিতির উন্নতি না হলে তারা আরও কঠোর কর্মসূচি দেবেন। সরকারের পক্ষ থেকে জানানো হয়েছে, প্রয়োজনীয় সব ব্যবস্থা গ্রহণ করা হবে এবং দায়ীদের আইনের আওতায় আনা হবে। বিশেষজ্ঞরা মনে করেন, এ ধরনের ঘটনার পুনরাবৃত্তি রোধে সমন্বিত পরিকল্পনা প্রয়োজন। রাজধানীর বিভিন্ন এলাকায় সংশ্লিষ্ট কর্মকর্তারা জানান, বিষয়টি নিয়ে দীর্ঘদিন ধরে আলোচনা চলছে এবং দ্রুত সমাধানের উদ্যোগ নেওয়া হয়েছে। স্থানীয় বাসিন্দারা বলেন, পরিস্থিতির উন্নতি না হলে তারা আরও কঠোর কর্মসূচি দেবেন। সরকারের পক্ষ থেকে জানানো হয়েছে, প্রয়োজনীয় সব ব্যবস্থা গ্রহণ করা হবে এবং দায়ীদের আইনের আওতায় আনা হবে। বিশেষজ্ঞরা মনে করেন, এ ধরনের ঘটনার পুনরাবৃত্তি রোধে সমন্বিত পরিকল্পনা প্রয়োজন।

১৭ বছরের অব্যবস্থাপনা ১৫ মাসে দূর করা
প্রথম পৃষ্ঠার পর

রাজধানীর বিভিন্ন এলাকায় সংশ্লিষ্ট কর্মকর্তারা জানান, বিষয়টি নিয়ে দীর্ঘদিন ধরে আলোচনা চলছে এবং দ্রুত সমাধানের উদ্যোগ নেওয়া হয়েছে। স্থানীয় বাসিন্দারা বলেন, পরিস্থিতির উন্নতি না হলে তারা আরও কঠোর কর্মসূচি দেবেন। সরকারের পক্ষ থেকে জানানো হয়েছে, প্রয়োজনীয় সব ব্যবস্থা গ্রহণ করা হবে এবং দায়ীদের আইনের আওতায় আনা হবে। বিশেষজ্ঞরা মনে করেন, এ ধরনের ঘটনার পুনরাবৃত্তি রোধে সমন্বিত পরিকল্পনা প্রয়োজন। রাজধানীর বিভিন্ন এলাকায় সংশ্লিষ্ট কর্মকর্তারা জানান, বিষয়টি নিয়ে দীর্ঘদিন ধরে আলোচনা চলছে এবং দ্রুত সমাধানের উদ্যোগ নেওয়া হয়েছে। স্থানীয় বাসিন্দারা বলেন, পরিস্থিতির উন্নতি না হলে তারা আরও কঠোর কর্মসূচি দেবেন। সরকারের পক্ষ থেকে জানানো হয়েছে, প্রয়োজনীয় সব ব্যবস্থা গ্রহণ করা হবে এবং দায়ীদের আইনের আওতায় আনা হবে। বিশেষজ্ঞরা মনে করেন, এ ধরনের ঘটনার পুনরাবৃত্তি রোধে সমন্বিত পরিকল্পনা প্রয়োজন।

রাজধানীর বিভিন্ন এলাকায় সংশ্লিষ্ট কর্মকর্তারা জানান, বিষয়টি নিয়ে দীর্ঘদিন ধরে আলোচনা চলছে এবং দ্রুত সমাধানের উদ্যোগ নেওয়া হয়েছে। স্থানীয় বাসিন্দারা বলেন, পরিস্থিতির উন্নতি না হলে তারা আরও কঠোর কর্মসূচি দেবেন। সরকারের পক্ষ থেকে জানানো হয়েছে, প্রয়োজনীয় সব ব্যবস্থা গ্রহণ করা হবে এবং দায়ীদের আইনের আওতায় আনা হবে। বিশেষজ্ঞরা মনে করেন, এ ধরনের ঘটনার পুনরাবৃত্তি রোধে সমন্বিত পরিকল্পনা প্রয়োজন। রাজধানীর বিভিন্ন এলাকায় সংশ্লিষ্ট কর্মকর্তারা জানান, বিষয়টি নিয়ে দীর্ঘদিন ধরে আলোচনা চলছে এবং দ্রুত সমাধানের উদ্যোগ নেওয়া হয়েছে। স্থানীয় বাসিন্দারা বলেন, পরিস্থিতির উন্নতি না হলে তারা আরও কঠোর কর্মসূচি দেবেন। সরকারের পক্ষ থেকে জানানো হয়েছে, প্রয়োজনীয় সব ব্যবস্থা গ্রহণ করা হবে এবং দায়ীদের আইনের আওতায় আনা হবে। বিশেষজ্ঞরা মনে করেন, এ ধরনের ঘটনার পুনরাবৃত্তি রোধে সমন্বিত পরিকল্পনা প্রয়োজন।

রমজান ও গরমে লোডশেডিং হবে
প্রথম পৃষ্ঠার পর

রাজধানীর বিভিন্ন এলাকায় সংশ্লিষ্ট কর্মকর্তারা জানান, বিষয়টি নিয়ে দীর্ঘদিন ধরে আলোচনা চলছে এবং দ্রুত সমাধানের উদ্যোগ নেওয়া হয়েছে। স্থানীয় বাসিন্দারা বলেন, পরিস্থিতির উন্নতি না হলে তারা আরও কঠোর কর্মসূচি দেবেন। সরকারের পক্ষ থেকে জানানো হয়েছে, প্রয়োজনীয় সব ব্যবস্থা গ্রহণ করা হবে এবং দায়ীদের আইনের আওতায় আনা হবে। বিশেষজ্ঞরা মনে করেন, এ ধরনের ঘটনার পুনরাবৃত্তি রোধে সমন্বিত পরিকল্পনা প্রয়োজন। রাজধানীর বিভিন্ন এলাকায় সংশ্লিষ্ট কর্মকর্তারা জানান, বিষয়টি নিয়ে দীর্ঘদিন ধরে আলোচনা চলছে এবং দ্রুত সমাধানের উদ্যোগ নেওয়া হয়েছে। স্থানীয় বাসিন্দারা বলেন, পরিস্থিতির উন্নতি না হলে তারা আরও কঠোর কর্মসূচি দেবেন। সরকারের পক্ষ থেকে জানানো হয়েছে, প্রয়োজনীয় সব ব্যবস্থা গ্রহণ করা হবে এবং দায়ীদের আইনের আওতায় আনা হবে। বিশেষজ্ঞরা মনে করেন, এ ধরনের ঘটনার পুনরাবৃত্তি রোধে সমন্বিত পরিকল্পনা প্রয়োজন।

রাজধানীর বিভিন্ন এলাকায় সংশ্লিষ্ট কর্মকর্তারা জানান, বিষয়টি নিয়ে দীর্ঘদিন ধরে আলোচনা চলছে এবং দ্রুত সমাধানের উদ্যোগ নেওয়া হয়েছে। স্থানীয় বাসিন্দারা বলেন, পরিস্থিতির উন্নতি না হলে তারা আরও কঠোর কর্মসূচি দেবেন। সরকারের পক্ষ থেকে জানানো হয়েছে, প্রয়োজনীয় সব ব্যবস্থা গ্রহণ করা হবে এবং দায়ীদের আইনের আওতায় আনা হবে। বিশেষজ্ঞরা মনে করেন, এ ধরনের ঘটনার পুনরাবৃত্তি রোধে সমন্বিত পরিকল্পনা প্রয়োজন। রাজধানীর বিভিন্ন এলাকায় সংশ্লিষ্ট কর্মকর্তারা জানান, বিষয়টি নিয়ে দীর্ঘদিন ধরে আলোচনা চলছে এবং দ্রুত সমাধানের উদ্যোগ নেওয়া হয়েছে। স্থানীয় বাসিন্দারা বলেন, পরিস্থিতির উন্নতি না হলে তারা আরও কঠোর কর্মসূচি দেবেন। সরকারের পক্ষ থেকে জানানো হয়েছে, প্রয়োজনীয় সব ব্যবস্থা গ্রহণ করা হবে এবং দায়ীদের আইনের আওতায় আনা হবে। বিশেষজ্ঞরা মনে করেন, এ ধরনের ঘটনার পুনরাবৃত্তি রোধে সমন্বিত পরিকল্পনা প্রয়োজন।

দুদকের মামলায় ১৮ সাব-রেজিস্ট্রার
প্রথম পৃষ্ঠার পর

রাজধানীর বিভিন্ন এলাকায় সংশ্লিষ্ট কর্মকর্তারা জানান, বিষয়টি নিয়ে দীর্ঘদিন ধরে আলোচনা চলছে এবং দ্রুত সমাধানের উদ্যোগ নেওয়া হয়েছে। স্থানীয় বাসিন্দারা বলেন, পরিস্থিতির উন্নতি না হলে তারা আরও কঠোর কর্মসূচি দেবেন। সরকারের পক্ষ থেকে জানানো হয়েছে, প্রয়োজনীয় সব ব্যবস্থা গ্রহণ করা হবে এবং দায়ীদের আইনের আওতায় আনা হবে। বিশেষজ্ঞরা মনে করেন, এ ধরনের ঘটনার পুনরাবৃত্তি রোধে সমন্বিত পরিকল্পনা প্রয়োজন। রাজধানীর বিভিন্ন এলাকায় সংশ্লিষ্ট কর্মকর্তারা জানান, বিষয়টি নিয়ে দীর্ঘদিন ধরে আলোচনা চলছে এবং দ্রুত সমাধানের উদ্যোগ নেওয়া হয়েছে। স্থানীয় বাসিন্দারা বলেন, পরিস্থিতির উন্নতি না হলে তারা আরও কঠোর কর্মসূচি দেবেন। সরকারের পক্ষ থেকে জানানো হয়েছে, প্রয়োজনীয় সব ব্যবস্থা গ্রহণ করা হবে এবং দায়ীদের আইনের আওতায় আনা হবে। বিশেষজ্ঞরা মনে করেন, এ ধরনের ঘটনার পুনরাবৃত্তি রোধে সমন্বিত পরিকল্পনা প্রয়োজন।

রাজধানীর বিভিন্ন এলাকায় সংশ্লিষ্ট কর্মকর্তারা জানান, বিষয়টি নিয়ে দীর্ঘদিন ধরে আলোচনা চলছে এবং দ্রুত সমাধানের উদ্যোগ নেওয়া হয়েছে। স্থানীয় বাসিন্দারা বলেন, পরিস্থিতির উন্নতি না হলে তারা আরও কঠোর কর্মসূচি দেবেন। সরকারের পক্ষ থেকে জানানো হয়েছে, প্রয়োজনীয় সব ব্যবস্থা গ্রহণ করা হবে এবং দায়ীদের আইনের আওতায় আনা হবে। বিশেষজ্ঞরা মনে করেন, এ ধরনের ঘটনার পুনরাবৃত্তি রোধে সমন্বিত পরিকল্পনা প্রয়োজন। রাজধানীর বিভিন্ন এলাকায় সংশ্লিষ্ট কর্মকর্তারা জানান, বিষয়টি নিয়ে দীর্ঘদিন ধরে আলোচনা চলছে এবং দ্রুত সমাধানের উদ্যোগ নেওয়া হয়েছে। স্থানীয় বাসিন্দারা বলেন, পরিস্থিতির উন্নতি না হলে তারা আরও কঠোর কর্মসূচি দেবেন। সরকারের পক্ষ থেকে জানানো হয়েছে, প্রয়োজনীয় সব ব্যবস্থা গ্রহণ করা হবে এবং দায়ীদের আইনের আওতায় আনা হবে। বিশেষজ্ঞরা মনে করেন, এ ধরনের ঘটনার পুনরাবৃত্তি রোধে সমন্বিত পরিকল্পনা প্রয়োজন।

রাজধানীর বিভিন্ন এলাকায় সংশ্লিষ্ট কর্মকর্তারা জানান, বিষয়টি নিয়ে দীর্ঘদিন ধরে আলোচনা চলছে এবং দ্রুত সমাধানের উদ্যোগ নেওয়া হয়েছে। স্থানীয় বাসিন্দারা বলেন, পরিস্থিতির উন্নতি না হলে তারা আরও কঠোর কর্মসূচি দেবেন। সরকারের পক্ষ থেকে জানানো হয়েছে, প্রয়োজনীয় সব ব্যবস্থা গ্রহণ করা হবে এবং দায়ীদের আইনের আওতায় আনা হবে। বিশেষজ্ঞরা মনে করেন, এ ধরনের ঘটনার পুনরাবৃত্তি রোধে সমন্বিত পরিকল্পনা প্রয়োজন। রাজধানীর বিভিন্ন এলাকায় সংশ্লিষ্ট কর্মকর্তারা জানান, বিষয়টি নিয়ে দীর্ঘদিন ধরে আলোচনা চলছে এবং দ্রুত সমাধানের উদ্যোগ নেওয়া হয়েছে। স্থানীয় বাসিন্দারা বলেন, পরিস্থিতির উন্নতি না হলে তারা আরও কঠোর কর্মসূচি দেবেন। সরকারের পক্ষ থেকে জানানো হয়েছে, প্রয়োজনীয় সব ব্যবস্থা গ্রহণ করা হবে এবং দায়ীদের আইনের আওতায় আনা হবে। বিশেষজ্ঞরা মনে করেন, এ ধরনের ঘটনার পুনরাবৃত্তি রোধে সমন্বিত পরিকল্পনা প্রয়োজন।

রাজধানীর বিভিন্ন এলাকায় সংশ্লিষ্ট কর্মকর্তারা জানান, বিষয়টি নিয়ে দীর্ঘদিন ধরে আলোচনা চলছে এবং দ্রুত সমাধানের উদ্যোগ নেওয়া হয়েছে। স্থানীয় বাসিন্দারা বলেন, পরিস্থিতির উন্নতি না হলে তারা আরও কঠোর কর্মসূচি দেবেন। সরকারের পক্ষ থেকে জানানো হয়েছে, প্রয়োজনীয় সব ব্যবস্থা গ্রহণ করা হবে এবং দায়ীদের আইনের আওতায় আনা হবে। বিশেষজ্ঞরা মনে করেন, এ ধরনের ঘটনার পুনরাবৃত্তি রোধে সমন্বিত পরিকল্পনা প্রয়োজন। রাজধানীর বিভিন্ন এলাকায় সংশ্লিষ্ট কর্মকর্তারা জানান, বিষয়টি নিয়ে দীর্ঘদিন ধরে আলোচনা চলছে এবং দ্রুত সমাধানের উদ্যোগ নেওয়া হয়েছে। স্থানীয় বাসিন্দারা বলেন, পরিস্থিতির উন্নতি না হলে তারা আরও কঠোর কর্মসূচি দেবেন। সরকারের পক্ষ থেকে জানানো হয়েছে, প্রয়োজনীয় সব ব্যবস্থা গ্রহণ করা হবে এবং দায়ীদের আইনের আওতায় আনা হবে। বিশেষজ্ঞরা মনে করেন, এ ধরনের ঘটনার পুনরাবৃত্তি রোধে সমন্বিত পরিকল্পনা প্রয়োজন।

রাজধানীর বিভিন্ন এলাকায় সংশ্লিষ্ট কর্মকর্তারা জানান, বিষয়টি নিয়ে দীর্ঘদিন ধরে আলোচনা চলছে এবং দ্রুত সমাধানের উদ্যোগ নেওয়া হয়েছে। স্থানীয় বাসিন্দারা বলেন, পরিস্থিতির উন্নতি না হলে তারা আরও কঠোর কর্মসূচি দেবেন। সরকারের পক্ষ থেকে জানানো হয়েছে, প্রয়োজনীয় সব ব্যবস্থা গ্রহণ করা হবে এবং দায়ীদের আইনের আওতায় আনা হবে। বিশেষজ্ঞরা মনে করেন, এ ধরনের ঘটনার পুনরাবৃত্তি রোধে সমন্বিত পরিকল্পনা প্রয়োজন। রাজধানীর বিভিন্ন এলাকায় সংশ্লিষ্ট কর্মকর্তারা জানান, বিষয়টি নিয়ে দীর্ঘদিন ধরে আলোচনা চলছে এবং দ্রুত সমাধানের উদ্যোগ নেওয়া হয়েছে। স্থানীয় বাসিন্দারা বলেন, পরিস্থিতির উন্নতি না হলে তারা আরও কঠোর কর্মসূচি দেবেন। সরকারের পক্ষ থেকে জানানো হয়েছে, প্রয়োজনীয় সব ব্যবস্থা গ্রহণ করা হবে এবং দায়ীদের আইনের আওতায় আনা হবে। বিশেষজ্ঞরা মনে করেন, এ ধরনের ঘটনার পুনরাবৃত্তি রোধে সমন্বিত পরিকল্পনা প্রয়োজন।

রাজধানীর বিভিন্ন এলাকায় সংশ্লিষ্ট কর্মকর্তারা জানান, বিষয়টি নিয়ে দীর্ঘদিন ধরে আলোচনা চলছে এবং দ্রুত সমাধানের উদ্যোগ নেওয়া হয়েছে। স্থানীয় বাসিন্দারা বলেন, পরিস্থিতির উন্নতি না হলে তারা আরও কঠোর কর্মসূচি দেবেন। সরকারের পক্ষ থেকে জানানো হয়েছে, প্রয়োজনীয় সব ব্যবস্থা গ্রহণ করা হবে এবং দায়ীদের আইনের আওতায় আনা হবে। বিশেষজ্ঞরা মনে করেন, এ ধরনের ঘটনার পুনরাবৃত্তি রোধে সমন্বিত পরিকল্পনা প্রয়োজন। রাজধানীর বিভিন্ন এলাকায় সংশ্লিষ্ট কর্মকর্তারা জানান, বিষয়টি নিয়ে দীর্ঘদিন ধরে আলোচনা চলছে এবং দ্রুত সমাধানের উদ্যোগ নেওয়া হয়েছে। স্থানীয় বাসিন্দারা বলেন, পরিস্থিতির উন্নতি না হলে তারা আরও কঠোর কর্মসূচি দেবেন। সরকারের পক্ষ থেকে জানানো হয়েছে, প্রয়োজনীয় সব ব্যবস্থা গ্রহণ করা হবে এবং দায়ীদের আইনের আওতায় আনা হবে। বিশেষজ্ঞরা মনে করেন, এ ধরনের ঘটনার পুনরাবৃত্তি রোধে সমন্বিত পরিকল্পনা প্রয়োজন।

রাজধানীর বিভিন্ন এলাকায় সংশ্লিষ্ট কর্মকর্তারা জানান, বিষয়টি নিয়ে দীর্ঘদিন ধরে আলোচনা চলছে এবং দ্রুত সমাধানের উদ্যোগ নেওয়া হয়েছে। স্থানীয় বাসিন্দারা বলেন, পরিস্থিতির উন্নতি না হলে তারা আরও কঠোর কর্মসূচি দেবেন। সরকারের পক্ষ থেকে জানানো হয়েছে, প্রয়োজনীয় সব ব্যবস্থা গ্রহণ করা হবে এবং দায়ীদের আইনের আওতায় আনা হবে। বিশেষজ্ঞরা মনে করেন, এ ধরনের ঘটনার পুনরাবৃত্তি রোধে সমন্বিত পরিকল্পনা প্রয়োজন। রাজধানীর বিভিন্ন এলাকায় সংশ্লিষ্ট কর্মকর্তারা জানান, বিষয়টি নিয়ে দীর্ঘদিন ধরে আলোচনা চলছে এবং দ্রুত সমাধানের উদ্যোগ নেওয়া হয়েছে। স্থানীয় বাসিন্দারা বলেন, পরিস্থিতির উন্নতি না হলে তারা আরও কঠোর কর্মসূচি দেবেন। সরকারের পক্ষ থেকে জানানো হয়েছে, প্রয়োজনীয় সব ব্যবস্থা গ্রহণ করা হবে এবং দায়ীদের আইনের আওতায় আনা হবে। বিশেষজ্ঞরা মনে করেন, এ ধরনের ঘটনার পুনরাবৃত্তি রোধে সমন্বিত পরিকল্পনা প্রয়োজন।
